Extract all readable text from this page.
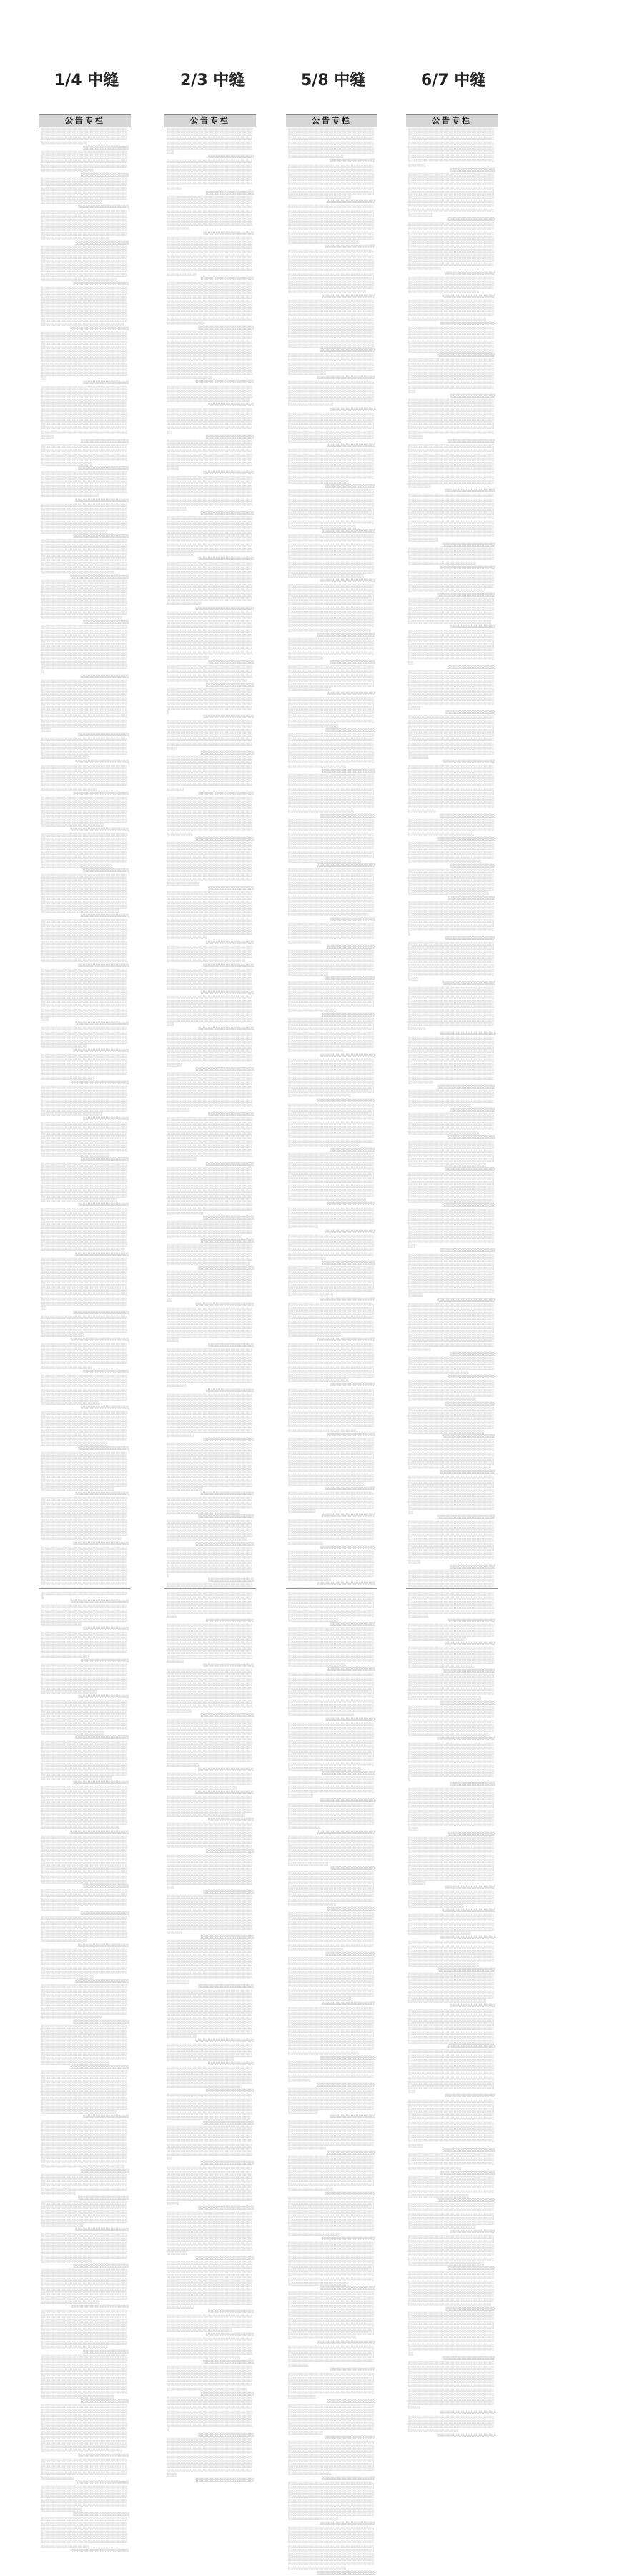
1/4 中缝
公告专栏
░░░░░░░░░░░░░░░░░░░░░░░░░░░░░░░░░░░░░░░░░░░░░░░░░░░░░░░░░░░░░░░░░░░░░░░░░░░░░░░░░░░░░░░░░░░░░░░░░░░░░░░░░░░░░░░░░░░░░░░░
░░░░░░░░░░░░░░░░░░
░░░░░░░░░░░░░░░░░░░░░░░░░░░░░░░░░░░░░░░░░░░░░░░░░░░░░░░░░░░░░░░░░░░░░░░░░░░░░░░░░░░░░░░░░░░░░░░░░░░░░░░░░░░░░░░░░░░░░░░░░░░░░░░░░░░░░░░░░░░░░░░░░░░░░░░░░░░░░
░░░░░░░░░░░░░░░░░░░
░░░░░░░░░░░░░░░░░░░░░░░░░░░░░░░░░░░░░░░░░░░░░░░░░░░░░░░░░░░░░░░░░░░░░░░░░░░░░░░░░░░░░░░░░░░░░░░░░░░░░░░░░░░░░░░░░░░░░░░░░░░░░░░░░░░░░░░░░░░░░░░░░░░░░░░░░░░░░░░░░░░░░░░░░░░░░░░░░░░░░░░░░░░░░░░░░░
░░░░░░░░░░░░░░░░░░░░
░░░░░░░░░░░░░░░░░░░░░░░░░░░░░░░░░░░░░░░░░░░░░░░░░░░░░░░░░░░░░░░░░░░░░░░░░░░░░░░░░░░░░░░░░░░░░░░░░░░░░░░░░░░░░░░░░░░░░░░░░░░░░░░░░░░░░░░░░░░░░░░░░░░░░░░░░░░░░░░░░░░░░░░░░░░░░░░░░░░░░░░░░░░░░░░░░░░░░░░░░░░░░░░░░░░░░░░░░░░░░░░░░░░░░░░
░░░░░░░░░░░░░░░░░░░░░
░░░░░░░░░░░░░░░░░░░░░░░░░░░░░░░░░░░░░░░░░░░░░░░░░░░░░░░░░░░░░░░░░░░░░░░░░░░░░░░░░░░░░░░░░░░░░░░░░░░░░░░░░░░░░░░░░░░░░░░░░░░░░░░░░░░░░░░░░░░░░░░░░░░░░░░░░░░░░░░░░░░░░░░░░░░░░░░░░░░░░░░░░░░░░░░░░░░░░░░░░░░░░░░░░░░░░░░░░░░░░░░░░░░░░░░░░░░░░░░░░░░░░░░░░░░░░░░░░░░░░░░░░░░░
░░░░░░░░░░░░░░░░░░░░░░
░░░░░░░░░░░░░░░░░░░░░░░░░░░░░░░░░░░░░░░░░░░░░░░░░░░░░░░░░░░░░░░░░░░░░░░░░░░░░░░░░░░░░░░░░░░░░░░░░░░░░░░░░░░░░░░░░░░░░░░░░░░░░░░░░░░░░░░░░░░░░░░░░░░░░░░░░░░░░░░░░░░░░░░░░░░░░░░░░░░░░░░░░░░░░░░░░░░░░░░░░░░░░░░░░░░░░░░░░░░░░░░░░░░░░░░░░░░░░░░░░░░░░░░░░░░░░░░░░░░░░░░░░░░░░░░░░░░░░░░░░░░░░░░░░░░░░░░░░░░░░░░░░
░░░░░░░░░░░░░░░░░░░░░░░
░░░░░░░░░░░░░░░░░░░░░░░░░░░░░░░░░░░░░░░░░░░░░░░░░░░░░░░░░░░░░░░░░░░░░░░░░░░░░░░░░░░░░░░░░░░░░░░░░░░░░░░░░░░░░░░░░░░░░░░░░░░░░░░░░░░░░░░░░░░░░░░░░░░░░░░░░░░░░░░░░░░░░░░░░░░░░░░░░░░░░░░░░░░░░░░░░░░░░░░░░░░░░░░░░░░░░░░░░░░░░░░░░░░░░░░░░░░░░░░░░░░░░░░░░░░░░░░░░░░░░░░░░░░░░░░░░░░░░░░░░░░░░░░░░░░░░░░░░░░░░░░░░░░░░░░░░░░░░░░░░░░░░░░░░░░░░░░░░░░░░░
░░░░░░░░░░░░░░░░░░
░░░░░░░░░░░░░░░░░░░░░░░░░░░░░░░░░░░░░░░░░░░░░░░░░░░░░░░░░░░░░░░░░░░░░░░░░░░░░░░░░░░░░░░░░░░░░░░░░░░░░░░░░░░░░░░░░░░░░░░░░░░░░░░░░░░░░░░░░░░░░░░░░░░░░░░░░░░░░░░░░░░░░░░░░░░░░░░░░░░░░░░░░░░░░░░░░░░░░░░░░░░░░░░░░░░░░░░░░░░░░░░░░░░░░░░░░░░░░░░░░░░░░░░░░░░░░░░░░░░░░░░░░░░░░░░░░░░░░░░░░░░░░░░░░░░░░░░░░░░░░░░░░░░░░░░░░░░░░░░░░░░░░░░░░░░░░░░░░░░░░░░░░░░░░░░░░░░░░░░░░░░░░░░░░░░░░░░░░░░
░░░░░░░░░░░░░░░░░░░
░░░░░░░░░░░░░░░░░░░░░░░░░░░░░░░░░░░░░░░░░░░░░░░░░░░░░░░░░░░░░░░░░░░░░░░░░░░░░░░░░░░░░░░░░░░░░░░░░░░░░░░░░░░░░░░░░░░░░░░░░░░░░░░░░░░░░░░░░░░░░░░░░░░░░░░░░░░░
░░░░░░░░░░░░░░░░░░░░
░░░░░░░░░░░░░░░░░░░░░░░░░░░░░░░░░░░░░░░░░░░░░░░░░░░░░░░░░░░░░░░░░░░░░░░░░░░░░░░░░░░░░░░░░░░░░░░░░░░░░░░░░░░░░░░░░░░░░░░░░░░░░░░░░░░░░░░░░░░░░░░░░░░░░░░░░░░░░░░░░░░░░░░░░░░░░░░░░░░░░░░░░░░░░░░░░
░░░░░░░░░░░░░░░░░░░░░
░░░░░░░░░░░░░░░░░░░░░░░░░░░░░░░░░░░░░░░░░░░░░░░░░░░░░░░░░░░░░░░░░░░░░░░░░░░░░░░░░░░░░░░░░░░░░░░░░░░░░░░░░░░░░░░░░░░░░░░░░░░░░░░░░░░░░░░░░░░░░░░░░░░░░░░░░░░░░░░░░░░░░░░░░░░░░░░░░░░░░░░░░░░░░░░░░░░░░░░░░░░░░░░░░░░░░░░░░░░░░░░░░░░░░░
░░░░░░░░░░░░░░░░░░░░░░
░░░░░░░░░░░░░░░░░░░░░░░░░░░░░░░░░░░░░░░░░░░░░░░░░░░░░░░░░░░░░░░░░░░░░░░░░░░░░░░░░░░░░░░░░░░░░░░░░░░░░░░░░░░░░░░░░░░░░░░░░░░░░░░░░░░░░░░░░░░░░░░░░░░░░░░░░░░░░░░░░░░░░░░░░░░░░░░░░░░░░░░░░░░░░░░░░░░░░░░░░░░░░░░░░░░░░░░░░░░░░░░░░░░░░░░░░░░░░░░░░░░░░░░░░░░░░░░░░░░░░░░░░░░
░░░░░░░░░░░░░░░░░░░░░░░
░░░░░░░░░░░░░░░░░░░░░░░░░░░░░░░░░░░░░░░░░░░░░░░░░░░░░░░░░░░░░░░░░░░░░░░░░░░░░░░░░░░░░░░░░░░░░░░░░░░░░░░░░░░░░░░░░░░░░░░░░░░░░░░░░░░░░░░░░░░░░░░░░░░░░░░░░░░░░░░░░░░░░░░░░░░░░░░░░░░░░░░░░░░░░░░░░░░░░░░░░░░░░░░░░░░░░░░░░░░░░░░░░░░░░░░░░░░░░░░░░░░░░░░░░░░░░░░░░░░░░░░░░░░░░░░░░░░░░░░░░░░░░░░░░░░░░░░░░░░░░░░░
░░░░░░░░░░░░░░░░░░
░░░░░░░░░░░░░░░░░░░░░░░░░░░░░░░░░░░░░░░░░░░░░░░░░░░░░░░░░░░░░░░░░░░░░░░░░░░░░░░░░░░░░░░░░░░░░░░░░░░░░░░░░░░░░░░░░░░░░░░░░░░░░░░░░░░░░░░░░░░░░░░░░░░░░░░░░░░░░░░░░░░░░░░░░░░░░░░░░░░░░░░░░░░░░░░░░░░░░░░░░░░░░░░░░░░░░░░░░░░░░░░░░░░░░░░░░░░░░░░░░░░░░░░░░░░░░░░░░░░░░░░░░░░░░░░░░░░░░░░░░░░░░░░░░░░░░░░░░░░░░░░░░░░░░░░░░░░░░░░░░░░░░░░░░░░░░░░░░░░░░
░░░░░░░░░░░░░░░░░░░
░░░░░░░░░░░░░░░░░░░░░░░░░░░░░░░░░░░░░░░░░░░░░░░░░░░░░░░░░░░░░░░░░░░░░░░░░░░░░░░░░░░░░░░░░░░░░░░░░░░░░░░░░░░░░░░░░░░░░░░░░░░░░░░░░░░░░░░░░░░░░░░░░░░░░░░░░░░░░░░░░░░░░░░░░░░░░░░░░░░░░░░░░░░░░░░░░░░░░░░░░░░░░░░░░░░░░░░░░░░░░░░░░░░░░░░░░░░░░░░░░░░░░░░░░░░░░░░░░░░░░░░░░░░░░░░░░░░░░░░░░░░░░░░░░░░░░░░░░░░░░░░░░░░░░░░░░░░░░░░░░░░░░░░░░░░░░░░░░░░░░░░░░░░░░░░░░░░░░░░░░░░░░░░░░░░░░░░░░░
░░░░░░░░░░░░░░░░░░░░
░░░░░░░░░░░░░░░░░░░░░░░░░░░░░░░░░░░░░░░░░░░░░░░░░░░░░░░░░░░░░░░░░░░░░░░░░░░░░░░░░░░░░░░░░░░░░░░░░░░░░░░░░░░░░░░░░░░░░░░░░░░░░░░░░░░░░░░░░░░░░░░░░░░░░░░░░░░
░░░░░░░░░░░░░░░░░░░░░
░░░░░░░░░░░░░░░░░░░░░░░░░░░░░░░░░░░░░░░░░░░░░░░░░░░░░░░░░░░░░░░░░░░░░░░░░░░░░░░░░░░░░░░░░░░░░░░░░░░░░░░░░░░░░░░░░░░░░░░░░░░░░░░░░░░░░░░░░░░░░░░░░░░░░░░░░░░░░░░░░░░░░░░░░░░░░░░░░░░░░░░░░░░░░░░░
░░░░░░░░░░░░░░░░░░░░░░
░░░░░░░░░░░░░░░░░░░░░░░░░░░░░░░░░░░░░░░░░░░░░░░░░░░░░░░░░░░░░░░░░░░░░░░░░░░░░░░░░░░░░░░░░░░░░░░░░░░░░░░░░░░░░░░░░░░░░░░░░░░░░░░░░░░░░░░░░░░░░░░░░░░░░░░░░░░░░░░░░░░░░░░░░░░░░░░░░░░░░░░░░░░░░░░░░░░░░░░░░░░░░░░░░░░░░░░░░░░░░░░░░░░░░
░░░░░░░░░░░░░░░░░░░░░░░
░░░░░░░░░░░░░░░░░░░░░░░░░░░░░░░░░░░░░░░░░░░░░░░░░░░░░░░░░░░░░░░░░░░░░░░░░░░░░░░░░░░░░░░░░░░░░░░░░░░░░░░░░░░░░░░░░░░░░░░░░░░░░░░░░░░░░░░░░░░░░░░░░░░░░░░░░░░░░░░░░░░░░░░░░░░░░░░░░░░░░░░░░░░░░░░░░░░░░░░░░░░░░░░░░░░░░░░░░░░░░░░░░░░░░░░░░░░░░░░░░░░░░░░░░░░░░░░░░░░░░░░░░░
░░░░░░░░░░░░░░░░░░
░░░░░░░░░░░░░░░░░░░░░░░░░░░░░░░░░░░░░░░░░░░░░░░░░░░░░░░░░░░░░░░░░░░░░░░░░░░░░░░░░░░░░░░░░░░░░░░░░░░░░░░░░░░░░░░░░░░░░░░░░░░░░░░░░░░░░░░░░░░░░░░░░░░░░░░░░░░░░░░░░░░░░░░░░░░░░░░░░░░░░░░░░░░░░░░░░░░░░░░░░░░░░░░░░░░░░░░░░░░░░░░░░░░░░░░░░░░░░░░░░░░░░░░░░░░░░░░░░░░░░░░░░░░░░░░░░░░░░░░░░░░░░░░░░░░░░░░░░░░░░░░
░░░░░░░░░░░░░░░░░░░
░░░░░░░░░░░░░░░░░░░░░░░░░░░░░░░░░░░░░░░░░░░░░░░░░░░░░░░░░░░░░░░░░░░░░░░░░░░░░░░░░░░░░░░░░░░░░░░░░░░░░░░░░░░░░░░░░░░░░░░░░░░░░░░░░░░░░░░░░░░░░░░░░░░░░░░░░░░░░░░░░░░░░░░░░░░░░░░░░░░░░░░░░░░░░░░░░░░░░░░░░░░░░░░░░░░░░░░░░░░░░░░░░░░░░░░░░░░░░░░░░░░░░░░░░░░░░░░░░░░░░░░░░░░░░░░░░░░░░░░░░░░░░░░░░░░░░░░░░░░░░░░░░░░░░░░░░░░░░░░░░░░░░░░░░░░░░░░░░░░░
░░░░░░░░░░░░░░░░░░░░
░░░░░░░░░░░░░░░░░░░░░░░░░░░░░░░░░░░░░░░░░░░░░░░░░░░░░░░░░░░░░░░░░░░░░░░░░░░░░░░░░░░░░░░░░░░░░░░░░░░░░░░░░░░░░░░░░░░░░░░░░░░░░░░░░░░░░░░░░░░░░░░░░░░░░░░░░░░░░░░░░░░░░░░░░░░░░░░░░░░░░░░░░░░░░░░░░░░░░░░░░░░░░░░░░░░░░░░░░░░░░░░░░░░░░░░░░░░░░░░░░░░░░░░░░░░░░░░░░░░░░░░░░░░░░░░░░░░░░░░░░░░░░░░░░░░░░░░░░░░░░░░░░░░░░░░░░░░░░░░░░░░░░░░░░░░░░░░░░░░░░░░░░░░░░░░░░░░░░░░░░░░░░░░░░░░░░░░░░
░░░░░░░░░░░░░░░░░░░░░
░░░░░░░░░░░░░░░░░░░░░░░░░░░░░░░░░░░░░░░░░░░░░░░░░░░░░░░░░░░░░░░░░░░░░░░░░░░░░░░░░░░░░░░░░░░░░░░░░░░░░░░░░░░░░░░░░░░░░░░░░░░░░░░░░░░░░░░░░░░░░░░░░░░░░░░░░░
░░░░░░░░░░░░░░░░░░░░░░
░░░░░░░░░░░░░░░░░░░░░░░░░░░░░░░░░░░░░░░░░░░░░░░░░░░░░░░░░░░░░░░░░░░░░░░░░░░░░░░░░░░░░░░░░░░░░░░░░░░░░░░░░░░░░░░░░░░░░░░░░░░░░░░░░░░░░░░░░░░░░░░░░░░░░░░░░░░░░░░░░░░░░░░░░░░░░░░░░░░░░░░░░░░░░░░
░░░░░░░░░░░░░░░░░░░░░░░
░░░░░░░░░░░░░░░░░░░░░░░░░░░░░░░░░░░░░░░░░░░░░░░░░░░░░░░░░░░░░░░░░░░░░░░░░░░░░░░░░░░░░░░░░░░░░░░░░░░░░░░░░░░░░░░░░░░░░░░░░░░░░░░░░░░░░░░░░░░░░░░░░░░░░░░░░░░░░░░░░░░░░░░░░░░░░░░░░░░░░░░░░░░░░░░░░░░░░░░░░░░░░░░░░░░░░░░░░░░░░░░░░░░░
░░░░░░░░░░░░░░░░░░
░░░░░░░░░░░░░░░░░░░░░░░░░░░░░░░░░░░░░░░░░░░░░░░░░░░░░░░░░░░░░░░░░░░░░░░░░░░░░░░░░░░░░░░░░░░░░░░░░░░░░░░░░░░░░░░░░░░░░░░░░░░░░░░░░░░░░░░░░░░░░░░░░░░░░░░░░░░░░░░░░░░░░░░░░░░░░░░░░░░░░░░░░░░░░░░░░░░░░░░░░░░░░░░░░░░░░░░░░░░░░░░░░░░░░░░░░░░░░░░░░░░░░░░░░░░░░░░░░░░░░░░░░
░░░░░░░░░░░░░░░░░░░
░░░░░░░░░░░░░░░░░░░░░░░░░░░░░░░░░░░░░░░░░░░░░░░░░░░░░░░░░░░░░░░░░░░░░░░░░░░░░░░░░░░░░░░░░░░░░░░░░░░░░░░░░░░░░░░░░░░░░░░░░░░░░░░░░░░░░░░░░░░░░░░░░░░░░░░░░░░░░░░░░░░░░░░░░░░░░░░░░░░░░░░░░░░░░░░░░░░░░░░░░░░░░░░░░░░░░░░░░░░░░░░░░░░░░░░░░░░░░░░░░░░░░░░░░░░░░░░░░░░░░░░░░░░░░░░░░░░░░░░░░░░░░░░░░░░░░░░░░░░░░░
░░░░░░░░░░░░░░░░░░░░
░░░░░░░░░░░░░░░░░░░░░░░░░░░░░░░░░░░░░░░░░░░░░░░░░░░░░░░░░░░░░░░░░░░░░░░░░░░░░░░░░░░░░░░░░░░░░░░░░░░░░░░░░░░░░░░░░░░░░░░░░░░░░░░░░░░░░░░░░░░░░░░░░░░░░░░░░░░░░░░░░░░░░░░░░░░░░░░░░░░░░░░░░░░░░░░░░░░░░░░░░░░░░░░░░░░░░░░░░░░░░░░░░░░░░░░░░░░░░░░░░░░░░░░░░░░░░░░░░░░░░░░░░░░░░░░░░░░░░░░░░░░░░░░░░░░░░░░░░░░░░░░░░░░░░░░░░░░░░░░░░░░░░░░░░░░░░░░░░░░
░░░░░░░░░░░░░░░░░░░░░
░░░░░░░░░░░░░░░░░░░░░░░░░░░░░░░░░░░░░░░░░░░░░░░░░░░░░░░░░░░░░░░░░░░░░░░░░░░░░░░░░░░░░░░░░░░░░░░░░░░░░░░░░░░░░░░░░░░░░░░░░░░░░░░░░░░░░░░░░░░░░░░░░░░░░░░░░░░░░░░░░░░░░░░░░░░░░░░░░░░░░░░░░░░░░░░░░░░░░░░░░░░░░░░░░░░░░░░░░░░░░░░░░░░░░░░░░░░░░░░░░░░░░░░░░░░░░░░░░░░░░░░░░░░░░░░░░░░░░░░░░░░░░░░░░░░░░░░░░░░░░░░░░░░░░░░░░░░░░░░░░░░░░░░░░░░░░░░░░░░░░░░░░░░░░░░░░░░░░░░░░░░░░░░░░░░░░░░░
░░░░░░░░░░░░░░░░░░░░░░
░░░░░░░░░░░░░░░░░░░░░░░░░░░░░░░░░░░░░░░░░░░░░░░░░░░░░░░░░░░░░░░░░░░░░░░░░░░░░░░░░░░░░░░░░░░░░░░░░░░░░░░░░░░░░░░░░░░░░░░░░░░░░░░░░░░░░░░░░░░░░░░░░░░░░░░░░
░░░░░░░░░░░░░░░░░░░░░░░
░░░░░░░░░░░░░░░░░░░░░░░░░░░░░░░░░░░░░░░░░░░░░░░░░░░░░░░░░░░░░░░░░░░░░░░░░░░░░░░░░░░░░░░░░░░░░░░░░░░░░░░░░░░░░░░░░░░░░░░░░░░░░░░░░░░░░░░░░░░░░░░░░░░░░░░░░░░░░░░░░░░░░░░░░░░░░░░░░░░░░░░░░░░░░░
░░░░░░░░░░░░░░░░░░
░░░░░░░░░░░░░░░░░░░░░░░░░░░░░░░░░░░░░░░░░░░░░░░░░░░░░░░░░░░░░░░░░░░░░░░░░░░░░░░░░░░░░░░░░░░░░░░░░░░░░░░░░░░░░░░░░░░░░░░░░░░░░░░░░░░░░░░░░░░░░░░░░░░░░░░░░░░░░░░░░░░░░░░░░░░░░░░░░░░░░░░░░░░░░░░░░░░░░░░░░░░░░░░░░░░░░░░░░░░░░░░░░░░
░░░░░░░░░░░░░░░░░░░
░░░░░░░░░░░░░░░░░░░░░░░░░░░░░░░░░░░░░░░░░░░░░░░░░░░░░░░░░░░░░░░░░░░░░░░░░░░░░░░░░░░░░░░░░░░░░░░░░░░░░░░░░░░░░░░░░░░░░░░░░░░░░░░░░░░░░░░░░░░░░░░░░░░░░░░░░░░░░░░░░░░░░░░░░░░░░░░░░░░░░░░░░░░░░░░░░░░░░░░░░░░░░░░░░░░░░░░░░░░░░░░░░░░░░░░░░░░░░░░░░░░░░░░░░░░░░░░░░░░░░░░░
░░░░░░░░░░░░░░░░░░░░
░░░░░░░░░░░░░░░░░░░░░░░░░░░░░░░░░░░░░░░░░░░░░░░░░░░░░░░░░░░░░░░░░░░░░░░░░░░░░░░░░░░░░░░░░░░░░░░░░░░░░░░░░░░░░░░░░░░░░░░░░░░░░░░░░░░░░░░░░░░░░░░░░░░░░░░░░░░░░░░░░░░░░░░░░░░░░░░░░░░░░░░░░░░░░░░░░░░░░░░░░░░░░░░░░░░░░░░░░░░░░░░░░░░░░░░░░░░░░░░░░░░░░░░░░░░░░░░░░░░░░░░░░░░░░░░░░░░░░░░░░░░░░░░░░░░░░░░░░░░░░
░░░░░░░░░░░░░░░░░░░░░
░░░░░░░░░░░░░░░░░░░░░░░░░░░░░░░░░░░░░░░░░░░░░░░░░░░░░░░░░░░░░░░░░░░░░░░░░░░░░░░░░░░░░░░░░░░░░░░░░░░░░░░░░░░░░░░░░░░░░░░░░░░░░░░░░░░░░░░░░░░░░░░░░░░░░░░░░░░░░░░░░░░░░░░░░░░░░░░░░░░░░░░░░░░░░░░░░░░░░░░░░░░░░░░░░░░░░░░░░░░░░░░░░░░░░░░░░░░░░░░░░░░░░░░░░░░░░░░░░░░░░░░░░░░░░░░░░░░░░░░░░░░░░░░░░░░░░░░░░░░░░░░░░░░░░░░░░░░░░░░░░░░░░░░░░░░░░░░░░░
░░░░░░░░░░░░░░░░░░░░░░
░░░░░░░░░░░░░░░░░░░░░░░░░░░░░░░░░░░░░░░░░░░░░░░░░░░░░░░░░░░░░░░░░░░░░░░░░░░░░░░░░░░░░░░░░░░░░░░░░░░░░░░░░░░░░░░░░░░░░░░░░░░░░░░░░░░░░░░░░░░░░░░░░░░░░░░░░░░░░░░░░░░░░░░░░░░░░░░░░░░░░░░░░░░░░░░░░░░░░░░░░░░░░░░░░░░░░░░░░░░░░░░░░░░░░░░░░░░░░░░░░░░░░░░░░░░░░░░░░░░░░░░░░░░░░░░░░░░░░░░░░░░░░░░░░░░░░░░░░░░░░░░░░░ ░░░░░░░░░░░░░░░░░░░░░░░░░░░░░░░░░░░
░░░░░░░░░░░░░░░░░░░░░░░
░░░░░░░░░░░░░░░░░░░░░░░░░░░░░░░░░░░░░░░░░░░░░░░░░░░░░░░░░░░░░░░░░░░░░░░░░░░░░░░░░░░░░░░░░░░░░░░░░░░░░░░░░░░░░░░░░░░░░░░░░░░░░░░░░░░░░░░░░░░░░░░░░░░░░░░░
░░░░░░░░░░░░░░░░░░
░░░░░░░░░░░░░░░░░░░░░░░░░░░░░░░░░░░░░░░░░░░░░░░░░░░░░░░░░░░░░░░░░░░░░░░░░░░░░░░░░░░░░░░░░░░░░░░░░░░░░░░░░░░░░░░░░░░░░░░░░░░░░░░░░░░░░░░░░░░░░░░░░░░░░░░░░░░░░░░░░░░░░░░░░░░░░░░░░░░░░░░░░░░░░
░░░░░░░░░░░░░░░░░░░
░░░░░░░░░░░░░░░░░░░░░░░░░░░░░░░░░░░░░░░░░░░░░░░░░░░░░░░░░░░░░░░░░░░░░░░░░░░░░░░░░░░░░░░░░░░░░░░░░░░░░░░░░░░░░░░░░░░░░░░░░░░░░░░░░░░░░░░░░░░░░░░░░░░░░░░░░░░░░░░░░░░░░░░░░░░░░░░░░░░░░░░░░░░░░░░░░░░░░░░░░░░░░░░░░░░░░░░░░░░░░░░░░░
░░░░░░░░░░░░░░░░░░░░
░░░░░░░░░░░░░░░░░░░░░░░░░░░░░░░░░░░░░░░░░░░░░░░░░░░░░░░░░░░░░░░░░░░░░░░░░░░░░░░░░░░░░░░░░░░░░░░░░░░░░░░░░░░░░░░░░░░░░░░░░░░░░░░░░░░░░░░░░░░░░░░░░░░░░░░░░░░░░░░░░░░░░░░░░░░░░░░░░░░░░░░░░░░░░░░░░░░░░░░░░░░░░░░░░░░░░░░░░░░░░░░░░░░░░░░░░░░░░░░░░░░░░░░░░░░░░░░░░░░░░░░
░░░░░░░░░░░░░░░░░░░░░
░░░░░░░░░░░░░░░░░░░░░░░░░░░░░░░░░░░░░░░░░░░░░░░░░░░░░░░░░░░░░░░░░░░░░░░░░░░░░░░░░░░░░░░░░░░░░░░░░░░░░░░░░░░░░░░░░░░░░░░░░░░░░░░░░░░░░░░░░░░░░░░░░░░░░░░░░░░░░░░░░░░░░░░░░░░░░░░░░░░░░░░░░░░░░░░░░░░░░░░░░░░░░░░░░░░░░░░░░░░░░░░░░░░░░░░░░░░░░░░░░░░░░░░░░░░░░░░░░░░░░░░░░░░░░░░░░░░░░░░░░░░░░░░░░░░░░░░░░░░░
░░░░░░░░░░░░░░░░░░░░░░
░░░░░░░░░░░░░░░░░░░░░░░░░░░░░░░░░░░░░░░░░░░░░░░░░░░░░░░░░░░░░░░░░░░░░░░░░░░░░░░░░░░░░░░░░░░░░░░░░░░░░░░░░░░░░░░░░░░░░░░░░░░░░░░░░░░░░░░░░░░░░░░░░░░░░░░░░░░░░░░░░░░░░░░░░░░░░░░░░░░░░░░░░░░░░░░░░░░░░░░░░░░░░░░░░░░░░░░░░░░░░░░░░░░░░░░░░░░░░░░░░░░░░░░░░░░░░░░░░░░░░░░░░░░░░░░░░░░░░░░░░░░░░░░░░░░░░░░░░░░░░░░░░░░░░░░░░░░░░░░░░░░░░░░░░░░░░░░░░
░░░░░░░░░░░░░░░░░░░░░░░
░░░░░░░░░░░░░░░░░░░░░░░░░░░░░░░░░░░░░░░░░░░░░░░░░░░░░░░░░░░░░░░░░░░░░░░░░░░░░░░░░░░░░░░░░░░░░░░░░░░░░░░░░░░░░░░░░░░░░░░░░░░░░░░░░░░░░░░░░░░░░░░░░░░░░░░░░░░░░░░░░░░░░░░░░░░░░░░░░░░░░░░░░░░░░░░░░░░░░░░░░░░░░░░░░░░░░░░░░░░░░░░░░░░░░░░░░░░░░░░░░░░░░░░░░░░░░░░░░░░░░░░░░░░░░░░░░░░░░░░░░░░░░░░░░░░░░░░░░░░░░░░░░░░░░░░░░░░░░░░░░░░░░░░░░░░░░░░░░░░░░░░░░░░░░░░░░░░░░░░░░░░░░░░░░░░░░░
░░░░░░░░░░░░░░░░░░
░░░░░░░░░░░░░░░░░░░░░░░░░░░░░░░░░░░░░░░░░░░░░░░░░░░░░░░░░░░░░░░░░░░░░░░░░░░░░░░░░░░░░░░░░░░░░░░░░░░░░░░░░░░░░░░░░░░░░░░░░░░░░░░░░░░░░░░░░░░░░░░░░░░░░░░
░░░░░░░░░░░░░░░░░░░
░░░░░░░░░░░░░░░░░░░░░░░░░░░░░░░░░░░░░░░░░░░░░░░░░░░░░░░░░░░░░░░░░░░░░░░░░░░░░░░░░░░░░░░░░░░░░░░░░░░░░░░░░░░░░░░░░░░░░░░░░░░░░░░░░░░░░░░░░░░░░░░░░░░░░░░░░░░░░░░░░░░░░░░░░░░░░░░░░░░░░░░░░░░░
░░░░░░░░░░░░░░░░░░░░
░░░░░░░░░░░░░░░░░░░░░░░░░░░░░░░░░░░░░░░░░░░░░░░░░░░░░░░░░░░░░░░░░░░░░░░░░░░░░░░░░░░░░░░░░░░░░░░░░░░░░░░░░░░░░░░░░░░░░░░░░░░░░░░░░░░░░░░░░░░░░░░░░░░░░░░░░░░░░░░░░░░░░░░░░░░░░░░░░░░░░░░░░░░░░░░░░░░░░░░░░░░░░░░░░░░░░░░░░░░░░░░░░
░░░░░░░░░░░░░░░░░░░░░
░░░░░░░░░░░░░░░░░░░░░░░░░░░░░░░░░░░░░░░░░░░░░░░░░░░░░░░░░░░░░░░░░░░░░░░░░░░░░░░░░░░░░░░░░░░░░░░░░░░░░░░░░░░░░░░░░░░░░░░░░░░░░░░░░░░░░░░░░░░░░░░░░░░░░░░░░░░░░░░░░░░░░░░░░░░░░░░░░░░░░░░░░░░░░░░░░░░░░░░░░░░░░░░░░░░░░░░░░░░░░░░░░░░░░░░░░░░░░░░░░░░░░░░░░░░░░░░░░░░░░░
░░░░░░░░░░░░░░░░░░░░░░
░░░░░░░░░░░░░░░░░░░░░░░░░░░░░░░░░░░░░░░░░░░░░░░░░░░░░░░░░░░░░░░░░░░░░░░░░░░░░░░░░░░░░░░░░░░░░░░░░░░░░░░░░░░░░░░░░░░░░░░░░░░░░░░░░░░░░░░░░░░░░░░░░░░░░░░░░░░░░░░░░░░░░░░░░░░░░░░░░░░░░░░░░░░░░░░░░░░░░░░░░░░░░░░░░░░░░░░░░░░░░░░░░░░░░░░░░░░░░░░░░░░░░░░░░░░░░░░░░░░░░░░░░░░░░░░░░░░░░░░░░░░░░░░░░░░░░░░░░░░
░░░░░░░░░░░░░░░░░░░░░░░
░░░░░░░░░░░░░░░░░░░░░░░░░░░░░░░░░░░░░░░░░░░░░░░░░░░░░░░░░░░░░░░░░░░░░░░░░░░░░░░░░░░░░░░░░░░░░░░░░░░░░░░░░░░░░░░░░░░░░░░░░░░░░░░░░░░░░░░░░░░░░░░░░░░░░░░░░░░░░░░░░░░░░░░░░░░░░░░░░░░░░░░░░░░░░░░░░░░░░░░░░░░░░░░░░░░░░░░░░░░░░░░░░░░░░░░░░░░░░░░░░░░░░░░░░░░░░░░░░░░░░░░░░░░░░░░░░░░░░░░░░░░░░░░░░░░░░░░░░░░░░░░░░░░░░░░░░░░░░░░░░░░░░░░░░░░░░░░░
░░░░░░░░░░░░░░░░░░
░░░░░░░░░░░░░░░░░░░░░░░░░░░░░░░░░░░░░░░░░░░░░░░░░░░░░░░░░░░░░░░░░░░░░░░░░░░░░░░░░░░░░░░░░░░░░░░░░░░░░░░░░░░░░░░░░░░░░░░░░░░░░░░░░░░░░░░░░░░░░░░░░░░░░░░░░░░░░░░░░░░░░░░░░░░░░░░░░░░░░░░░░░░░░░░░░░░░░░░░░░░░░░░░░░░░░░░░░░░░░░░░░░░░░░░░░░░░░░░░░░░░░░░░░░░░░░░░░░░░░░░░░░░░░░░░░░░░░░░░░░░░░░░░░░░░░░░░░░░░░░░░░░░░░░░░░░░░░░░░░░░░░░░░░░░░░░░░░░░░░░░░░░░░░░░░░░░░░░░░░░░░░░░░░░░░░
░░░░░░░░░░░░░░░░░░░
░░░░░░░░░░░░░░░░░░░░░░░░░░░░░░░░░░░░░░░░░░░░░░░░░░░░░░░░░░░░░░░░░░░░░░░░░░░░░░░░░░░░░░░░░░░░░░░░░░░░░░░░░░░░░░░░░░░░░░░░░░░░░░░░░░░░░░░░░░░░░░░░░░░░░░
░░░░░░░░░░░░░░░░░░░░
░░░░░░░░░░░░░░░░░░░░░░░░░░░░░░░░░░░░░░░░░░░░░░░░░░░░░░░░░░░░░░░░░░░░░░░░░░░░░░░░░░░░░░░░░░░░░░░░░░░░░░░░░░░░░░░░░░░░░░░░░░░░░░░░░░░░░░░░░░░░░░░░░░░░░░░░░░░░░░░░░░░░░░░░░░░░░░░░░░░░░░░░░░░
░░░░░░░░░░░░░░░░░░░░░
░░░░░░░░░░░░░░░░░░░░░░░░░░░░░░░░░░░░░░░░░░░░░░░░░░░░░░░░░░░░░░░░░░░░░░░░░░░░░░░░░░░░░░░░░░░░░░░░░░░░░░░░░░░░░░░░░░░░░░░░░░░░░░░░░░░░░░░░░░░░░░░░░░░░░░░░░░░░░░░░░░░░░░░░░░░░░░░░░░░░░░░░░░░░░░░░░░░░░░░░░░░░░░░░░░░░░░░░░░░░░░░░
░░░░░░░░░░░░░░░░░░░░░░
░░░░░░░░░░░░░░░░░░░░░░░░░░░░░░░░░░░░░░░░░░░░░░░░░░░░░░░░░░░░░░░░░░░░░░░░░░░░░░░░░░░░░░░░░░░░░░░░░░░░░░░░░░░░░░░░░░░░░░░░░░░░░░░░░░░░░░░░░░░░░░░░░░░░░░░░░░░░░░░░░░░░░░░░░░░░░░░░░░░░░░░░░░░░░░░░░░░░░░░░░░░░░░░░░░░░░░░░░░░░░░░░░░░░░░░░░░░░░░░░░░░░░░░░░░░░░░░░░░░░░
░░░░░░░░░░░░░░░░░░░░░░░
░░░░░░░░░░░░░░░░░░░░░░░░░░░░░░░░░░░░░░░░░░░░░░░░░░░░░░░░░░░░░░░░░░░░░░░░░░░░░░░░░░░░░░░░░░░░░░░░░░░░░░░░░░░░░░░░░░░░░░░░░░░░░░░░░░░░░░░░░░░░░░░░░░░░░░░░░░░░░░░░░░░░░░░░░░░░░░░░░░░░░░░░░░░░░░░░░░░░░░░░░░░░░░░░░░░░░░░░░░░░░░░░░░░░░░░░░░░░░░░░░░░░░░░░░░░░░░░░░░░░░░░░░░░░░░░░░░░░░░░░░░░░░░░░░░░░░░░░░░
░░░░░░░░░░░░░░░░░░
░░░░░░░░░░░░░░░░░░░░░░░░░░░░░░░░░░░░░░░░░░░░░░░░░░░░░░░░░░░░░░░░░░░░░░░░░░░░░░░░░░░░░░░░░░░░░░░░░░░░░░░░░░░░░░░░░░░░░░░░░░░░░░░░░░░░░░░░░░░░░░░░░░░░░░░░░░░░░░░░░░░░░░░░░░░░░░░░░░░░░░░░░░░░░░░░░░░░░░░░░░░░░░░░░░░░░░░░░░░░░░░░░░░░░░░░░░░░░░░░░░░░░░░░░░░░░░░░░░░░░░░░░░░░░░░░░░░░░░░░░░░░░░░░░░░░░░░░░░░░░░░░░░░░░░░░░░░░░░░░░░░░░░░░░░░░░░░
░░░░░░░░░░░░░░░░░░░
░░░░░░░░░░░░░░░░░░░░░░░░░░░░░░░░░░░░░░░░░░░░░░░░░░░░░░░░░░░░░░░░░░░░░░░░░░░░░░░░░░░░░░░░░░░░░░░░░░░░░░░░░░░░░░░░░░░░░░░░░░░░░░░░░░░░░░░░░░░░░░░░░░░░░░░░░░░░░░░░░░░░░░░░░░░░░░░░░░░░░░░░░░░░░░░░░░░░░░░░░░░░░░░░░░░░░░░░░░░░░░░░░░░░░░░░░░░░░░░░░░░░░░░░░░░░░░░░░░░░░░░░░░░░░░░░░░░░░░░░░░░░░░░░░░░░░░░░░░░░░░░░░░░░░░░░░░░░░░░░░░░░░░░░░░░░░░░░░░░░░░░░░░░░░░░░░░░░░░░░░░░░░░░░░░░░
░░░░░░░░░░░░░░░░░░░░
░░░░░░░░░░░░░░░░░░░░░░░░░░░░░░░░░░░░░░░░░░░░░░░░░░░░░░░░░░░░░░░░░░░░░░░░░░░░░░░░░░░░░░░░░░░░░░░░░░░░░░░░░░░░░░░░░░░░░░░░░░░░░░░░░░░░░░░░░░░░░░░░░░░░░
░░░░░░░░░░░░░░░░░░░░░
░░░░░░░░░░░░░░░░░░░░░░░░░░░░░░░░░░░░░░░░░░░░░░░░░░░░░░░░░░░░░░░░░░░░░░░░░░░░░░░░░░░░░░░░░░░░░░░░░░░░░░░░░░░░░░░░░░░░░░░░░░░░░░░░░░░░░░░░░░░░░░░░░░░░░░░░░░░░░░░░░░░░░░░░░░░░░░░░░░░░░░░░░░
░░░░░░░░░░░░░░░░░░░░░░
░░░░░░░░░░░░░░░░░░░░░░░░░░░░░░░░░░░░░░░░░░░░░░░░░░░░░░░░░░░░░░░░░░░░░░░░░░░░░░░░░░░░░░░░░░░░░░░░░░░░░░░░░░░░░░░░░░░░░░░░░░░░░░░░░░░░░░░░░░░░░░░░░░░░░░░░░░░░░░░░░░░░░░░░░░░░░░░░░░░░░░░░░░░░░░░░░░░░░░░░░░░░░░░░░░░░░░░░░░░░░░░
░░░░░░░░░░░░░░░░░░░░░░░
2/3 中缝
公告专栏
░░░░░░░░░░░░░░░░░░░░░░░░░░░░░░░░░░░░░░░░░░░░░░░░░░░░░░░░░░░░░░░░░░░░░░░░░░░░░░░░░░░░░░░░░░░░░░░░░░░░░░░░░░░░░░░░░░░░░░░░░░░░░░░░░░░░░░░░░░░░░░░░░░░░░░░░░░░░░░░░░░░░░░░░░░░░░
░░░░░░░░░░░░░░░░░░
░░░░░░░░░░░░░░░░░░░░░░░░░░░░░░░░░░░░░░░░░░░░░░░░░░░░░░░░░░░░░░░░░░░░░░░░░░░░░░░░░░░░░░░░░░░░░░░░░░░░░░░░░░░░░░░░░░░░░░░░░░░░░░░░░░░░░░░░░░░░░░░░░░░░░░░░░░░░░░░░░░░░░░░░░░░░░░░░░░░░░░░░░░░░░░░░░░░░░░░░░░░░░░░░░░
░░░░░░░░░░░░░░░░░░░
░░░░░░░░░░░░░░░░░░░░░░░░░░░░░░░░░░░░░░░░░░░░░░░░░░░░░░░░░░░░░░░░░░░░░░░░░░░░░░░░░░░░░░░░░░░░░░░░░░░░░░░░░░░░░░░░░░░░░░░░░░░░░░░░░░░░░░░░░░░░░░░░░░░░░░░░░░░░░░░░░░░░░░░░░░░░░░░░░░░░░░░░░░░░░░░░░░░░░░░░░░░░░░░░░░░░░░░░░░░░░░░░░░░░░░░░░░░░░░░░░░░░░░░
░░░░░░░░░░░░░░░░░░░░
░░░░░░░░░░░░░░░░░░░░░░░░░░░░░░░░░░░░░░░░░░░░░░░░░░░░░░░░░░░░░░░░░░░░░░░░░░░░░░░░░░░░░░░░░░░░░░░░░░░░░░░░░░░░░░░░░░░░░░░░░░░░░░░░░░░░░░░░░░░░░░░░░░░░░░░░░░░░░░░░░░░░░░░░░░░░░░░░░░░░░░░░░░░░░░░░░░░░░░░░░░░░░░░░░░░░░░░░░░░░░░░░░░░░░░░░░░░░░░░░░░░░░░░░░░░░░░░░░░░░░░░░░░░░░░░░░░░░░░░░░░░░
░░░░░░░░░░░░░░░░░░░░░
░░░░░░░░░░░░░░░░░░░░░░░░░░░░░░░░░░░░░░░░░░░░░░░░░░░░░░░░░░░░░░░░░░░░░░░░░░░░░░░░░░░░░░░░░░░░░░░░░░░░░░░░░░░░░░░░░░░░░░░░░░░░░░░░░░░░░░░░░░░░░░░░░░░░░░░░░░░░░░░░░░░░░░░░░░░░░░░░░░░░░░░░░░░░░░░░░░░░░░░░░░░░░░░░░░░░░░░░░░░░░░░░░░░░░░░░░░░░░░░░░░░░░░░░░░░░░░░░░░░░░░░░░░░░░░░░░░░░░░░░░░░░░░░░░░░░░░░░░░░░░░░░░░░░░░░░░░░░░░░░░
░░░░░░░░░░░░░░░░░░░░░░
░░░░░░░░░░░░░░░░░░░░░░░░░░░░░░░░░░░░░░░░░░░░░░░░░░░░░░░░░░░░░░░░░░░░░░░░░░░░░░░░░░░░░░░░░░░░░░░░░░░░░░░░░░░░░░░░░░░░░░░░░░░░░░░░░░░░░░░░░░░░░░░░░░░░░░░░░░░░░░░░░░░░░░░░░░░░░░░░░░░░░░░░░░░░░░░░░░░░░░░░░░░░░░░░░░░░░░░░░░░░░░░░░░░░░░░░░░░░░░░░░░░░░░░░░░░░░░░░░░░░░░░░░░░░░░░░░░░░░░░░░░░░░░░░░░░░░░░░░░░░░░░░░░░░░░░░░░░░░░░░░░░░░░░░░░░░░░░░░░░░░░░░░░░░░░░░░░░░░░
░░░░░░░░░░░░░░░░░░░░░░░
░░░░░░░░░░░░░░░░░░░░░░░░░░░░░░░░░░░░░░░░░░░░░░░░░░░░░░░░░░░░░░░░░░░░░░░░░░░░░░░░░░░░░░░░░░░░░░░░░░░░░░░░░░░░░░░░░░░░░░░░░░░░░░░░░░░░░░░
░░░░░░░░░░░░░░░░░░
░░░░░░░░░░░░░░░░░░░░░░░░░░░░░░░░░░░░░░░░░░░░░░░░░░░░░░░░░░░░░░░░░░░░░░░░░░░░░░░░░░░░░░░░░░░░░░░░░░░░░░░░░░░░░░░░░░░░░░░░░░░░░░░░░░░░░░░░░░░░░░░░░░░░░░░░░░░░░░░░░░░░░░░░░░░░
░░░░░░░░░░░░░░░░░░░
░░░░░░░░░░░░░░░░░░░░░░░░░░░░░░░░░░░░░░░░░░░░░░░░░░░░░░░░░░░░░░░░░░░░░░░░░░░░░░░░░░░░░░░░░░░░░░░░░░░░░░░░░░░░░░░░░░░░░░░░░░░░░░░░░░░░░░░░░░░░░░░░░░░░░░░░░░░░░░░░░░░░░░░░░░░░░░░░░░░░░░░░░░░░░░░░░░░░░░░░░░░░░░░░░
░░░░░░░░░░░░░░░░░░░░
░░░░░░░░░░░░░░░░░░░░░░░░░░░░░░░░░░░░░░░░░░░░░░░░░░░░░░░░░░░░░░░░░░░░░░░░░░░░░░░░░░░░░░░░░░░░░░░░░░░░░░░░░░░░░░░░░░░░░░░░░░░░░░░░░░░░░░░░░░░░░░░░░░░░░░░░░░░░░░░░░░░░░░░░░░░░░░░░░░░░░░░░░░░░░░░░░░░░░░░░░░░░░░░░░░░░░░░░░░░░░░░░░░░░░░░░░░░░░░░░░░░░░░
░░░░░░░░░░░░░░░░░░░░░
░░░░░░░░░░░░░░░░░░░░░░░░░░░░░░░░░░░░░░░░░░░░░░░░░░░░░░░░░░░░░░░░░░░░░░░░░░░░░░░░░░░░░░░░░░░░░░░░░░░░░░░░░░░░░░░░░░░░░░░░░░░░░░░░░░░░░░░░░░░░░░░░░░░░░░░░░░░░░░░░░░░░░░░░░░░░░░░░░░░░░░░░░░░░░░░░░░░░░░░░░░░░░░░░░░░░░░░░░░░░░░░░░░░░░░░░░░░░░░░░░░░░░░░░░░░░░░░░░░░░░░░░░░░░░░░░░░░░░░░░░░░
░░░░░░░░░░░░░░░░░░░░░░
░░░░░░░░░░░░░░░░░░░░░░░░░░░░░░░░░░░░░░░░░░░░░░░░░░░░░░░░░░░░░░░░░░░░░░░░░░░░░░░░░░░░░░░░░░░░░░░░░░░░░░░░░░░░░░░░░░░░░░░░░░░░░░░░░░░░░░░░░░░░░░░░░░░░░░░░░░░░░░░░░░░░░░░░░░░░░░░░░░░░░░░░░░░░░░░░░░░░░░░░░░░░░░░░░░░░░░░░░░░░░░░░░░░░░░░░░░░░░░░░░░░░░░░░░░░░░░░░░░░░░░░░░░░░░░░░░░░░░░░░░░░░░░░░░░░░░░░░░░░░░░░░░░░░░░░░░░░░░░░░
░░░░░░░░░░░░░░░░░░░░░░░
░░░░░░░░░░░░░░░░░░░░░░░░░░░░░░░░░░░░░░░░░░░░░░░░░░░░░░░░░░░░░░░░░░░░░░░░░░░░░░░░░░░░░░░░░░░░░░░░░░░░░░░░░░░░░░░░░░░░░░░░░░░░░░░░░░░░░░░░░░░░░░░░░░░░░░░░░░░░░░░░░░░░░░░░░░░░░░░░░░░░░░░░░░░░░░░░░░░░░░░░░░░░░░░░░░░░░░░░░░░░░░░░░░░░░░░░░░░░░░░░░░░░░░░░░░░░░░░░░░░░░░░░░░░░░░░░░░░░░░░░░░░░░░░░░░░░░░░░░░░░░░░░░░░░░░░░░░░░░░░░░░░░░░░░░░░░░░░░░░░░░░░░░░░░░░░░░░░░░
░░░░░░░░░░░░░░░░░░
░░░░░░░░░░░░░░░░░░░░░░░░░░░░░░░░░░░░░░░░░░░░░░░░░░░░░░░░░░░░░░░░░░░░░░░░░░░░░░░░░░░░░░░░░░░░░░░░░░░░░░░░░░░░░░░░░░░░░░░░░░░░░░░░░░░░░░
░░░░░░░░░░░░░░░░░░░
░░░░░░░░░░░░░░░░░░░░░░░░░░░░░░░░░░░░░░░░░░░░░░░░░░░░░░░░░░░░░░░░░░░░░░░░░░░░░░░░░░░░░░░░░░░░░░░░░░░░░░░░░░░░░░░░░░░░░░░░░░░░░░░░░░░░░░░░░░░░░░░░░░░░░░░░░░░░░░░░░░░░░░░░░░░
░░░░░░░░░░░░░░░░░░░░
░░░░░░░░░░░░░░░░░░░░░░░░░░░░░░░░░░░░░░░░░░░░░░░░░░░░░░░░░░░░░░░░░░░░░░░░░░░░░░░░░░░░░░░░░░░░░░░░░░░░░░░░░░░░░░░░░░░░░░░░░░░░░░░░░░░░░░░░░░░░░░░░░░░░░░░░░░░░░░░░░░░░░░░░░░░░░░░░░░░░░░░░░░░░░░░░░░░░░░░░░░░░░░░░
░░░░░░░░░░░░░░░░░░░░░
░░░░░░░░░░░░░░░░░░░░░░░░░░░░░░░░░░░░░░░░░░░░░░░░░░░░░░░░░░░░░░░░░░░░░░░░░░░░░░░░░░░░░░░░░░░░░░░░░░░░░░░░░░░░░░░░░░░░░░░░░░░░░░░░░░░░░░░░░░░░░░░░░░░░░░░░░░░░░░░░░░░░░░░░░░░░░░░░░░░░░░░░░░░░░░░░░░░░░░░░░░░░░░░░░░░░░░░░░░░░░░░░░░░░░░░░░░░░░░░░░░░░░
░░░░░░░░░░░░░░░░░░░░░░
░░░░░░░░░░░░░░░░░░░░░░░░░░░░░░░░░░░░░░░░░░░░░░░░░░░░░░░░░░░░░░░░░░░░░░░░░░░░░░░░░░░░░░░░░░░░░░░░░░░░░░░░░░░░░░░░░░░░░░░░░░░░░░░░░░░░░░░░░░░░░░░░░░░░░░░░░░░░░░░░░░░░░░░░░░░░░░░░░░░░░░░░░░░░░░░░░░░░░░░░░░░░░░░░░░░░░░░░░░░░░░░░░░░░░░░░░░░░░░░░░░░░░░░░░░░░░░░░░░░░░░░░░░░░░░░░░░░░░░░░░░
░░░░░░░░░░░░░░░░░░░░░░░
░░░░░░░░░░░░░░░░░░░░░░░░░░░░░░░░░░░░░░░░░░░░░░░░░░░░░░░░░░░░░░░░░░░░░░░░░░░░░░░░░░░░░░░░░░░░░░░░░░░░░░░░░░░░░░░░░░░░░░░░░░░░░░░░░░░░░░░░░░░░░░░░░░░░░░░░░░░░░░░░░░░░░░░░░░░░░░░░░░░░░░░░░░░░░░░░░░░░░░░░░░░░░░░░░░░░░░░░░░░░░░░░░░░░░░░░░░░░░░░░░░░░░░░░░░░░░░░░░░░░░░░░░░░░░░░░░░░░░░░░░░░░░░░░░░░░░░░░░░░░░░░░░░░░░░░░░░░░░░░
░░░░░░░░░░░░░░░░░░
░░░░░░░░░░░░░░░░░░░░░░░░░░░░░░░░░░░░░░░░░░░░░░░░░░░░░░░░░░░░░░░░░░░░░░░░░░░░░░░░░░░░░░░░░░░░░░░░░░░░░░░░░░░░░░░░░░░░░░░░░░░░░░░░░░░░░░░░░░░░░░░░░░░░░░░░░░░░░░░░░░░░░░░░░░░░░░░░░░░░░░░░░░░░░░░░░░░░░░░░░░░░░░░░░░░░░░░░░░░░░░░░░░░░░░░░░░░░░░░░░░░░░░░░░░░░░░░░░░░░░░░░░░░░░░░░░░░░░░░░░░░░░░░░░░░░░░░░░░░░░░░░░░░░░░░░░░░░░░░░░░░░░░░░░░░░░░░░░░░░░░░░░░░░░░░░░░░░
░░░░░░░░░░░░░░░░░░░
░░░░░░░░░░░░░░░░░░░░░░░░░░░░░░░░░░░░░░░░░░░░░░░░░░░░░░░░░░░░░░░░░░░░░░░░░░░░░░░░░░░░░░░░░░░░░░░░░░░░░░░░░░░░░░░░░░░░░░░░░░░░░░░░░░░░░
░░░░░░░░░░░░░░░░░░░░
░░░░░░░░░░░░░░░░░░░░░░░░░░░░░░░░░░░░░░░░░░░░░░░░░░░░░░░░░░░░░░░░░░░░░░░░░░░░░░░░░░░░░░░░░░░░░░░░░░░░░░░░░░░░░░░░░░░░░░░░░░░░░░░░░░░░░░░░░░░░░░░░░░░░░░░░░░░░░░░░░░░░░░░░░░
░░░░░░░░░░░░░░░░░░░░░
░░░░░░░░░░░░░░░░░░░░░░░░░░░░░░░░░░░░░░░░░░░░░░░░░░░░░░░░░░░░░░░░░░░░░░░░░░░░░░░░░░░░░░░░░░░░░░░░░░░░░░░░░░░░░░░░░░░░░░░░░░░░░░░░░░░░░░░░░░░░░░░░░░░░░░░░░░░░░░░░░░░░░░░░░░░░░░░░░░░░░░░░░░░░░░░░░░░░░░░░░░░░░░░
░░░░░░░░░░░░░░░░░░░░░░
░░░░░░░░░░░░░░░░░░░░░░░░░░░░░░░░░░░░░░░░░░░░░░░░░░░░░░░░░░░░░░░░░░░░░░░░░░░░░░░░░░░░░░░░░░░░░░░░░░░░░░░░░░░░░░░░░░░░░░░░░░░░░░░░░░░░░░░░░░░░░░░░░░░░░░░░░░░░░░░░░░░░░░░░░░░░░░░░░░░░░░░░░░░░░░░░░░░░░░░░░░░░░░░░░░░░░░░░░░░░░░░░░░░░░░░░░░░░░░░░░░░░
░░░░░░░░░░░░░░░░░░░░░░░
░░░░░░░░░░░░░░░░░░░░░░░░░░░░░░░░░░░░░░░░░░░░░░░░░░░░░░░░░░░░░░░░░░░░░░░░░░░░░░░░░░░░░░░░░░░░░░░░░░░░░░░░░░░░░░░░░░░░░░░░░░░░░░░░░░░░░░░░░░░░░░░░░░░░░░░░░░░░░░░░░░░░░░░░░░░░░░░░░░░░░░░░░░░░░░░░░░░░░░░░░░░░░░░░░░░░░░░░░░░░░░░░░░░░░░░░░░░░░░░░░░░░░░░░░░░░░░░░░░░░░░░░░░░░░░░░░░░░░░░░░
░░░░░░░░░░░░░░░░░░
░░░░░░░░░░░░░░░░░░░░░░░░░░░░░░░░░░░░░░░░░░░░░░░░░░░░░░░░░░░░░░░░░░░░░░░░░░░░░░░░░░░░░░░░░░░░░░░░░░░░░░░░░░░░░░░░░░░░░░░░░░░░░░░░░░░░░░░░░░░░░░░░░░░░░░░░░░░░░░░░░░░░░░░░░░░░░░░░░░░░░░░░░░░░░░░░░░░░░░░░░░░░░░░░░░░░░░░░░░░░░░░░░░░░░░░░░░░░░░░░░░░░░░░░░░░░░░░░░░░░░░░░░░░░░░░░░░░░░░░░░░░░░░░░░░░░░░░░░░░░░░░░░░░░░░░░░░░░░░
░░░░░░░░░░░░░░░░░░░
░░░░░░░░░░░░░░░░░░░░░░░░░░░░░░░░░░░░░░░░░░░░░░░░░░░░░░░░░░░░░░░░░░░░░░░░░░░░░░░░░░░░░░░░░░░░░░░░░░░░░░░░░░░░░░░░░░░░░░░░░░░░░░░░░░░░░░░░░░░░░░░░░░░░░░░░░░░░░░░░░░░░░░░░░░░░░░░░░░░░░░░░░░░░░░░░░░░░░░░░░░░░░░░░░░░░░░░░░░░░░░░░░░░░░░░░░░░░░░░░░░░░░░░░░░░░░░░░░░░░░░░░░░░░░░░░░░░░░░░░░░░░░░░░░░░░░░░░░░░░░░░░░░░░░░░░░░░░░░░░░░░░░░░░░░░░░░░░░░░░░░░░░░░░░░░░░░░
░░░░░░░░░░░░░░░░░░░░
░░░░░░░░░░░░░░░░░░░░░░░░░░░░░░░░░░░░░░░░░░░░░░░░░░░░░░░░░░░░░░░░░░░░░░░░░░░░░░░░░░░░░░░░░░░░░░░░░░░░░░░░░░░░░░░░░░░░░░░░░░░░░░░░░░░░
░░░░░░░░░░░░░░░░░░░░░
░░░░░░░░░░░░░░░░░░░░░░░░░░░░░░░░░░░░░░░░░░░░░░░░░░░░░░░░░░░░░░░░░░░░░░░░░░░░░░░░░░░░░░░░░░░░░░░░░░░░░░░░░░░░░░░░░░░░░░░░░░░░░░░░░░░░░░░░░░░░░░░░░░░░░░░░░░░░░░░░░░░░░░░░░
░░░░░░░░░░░░░░░░░░░░░░
░░░░░░░░░░░░░░░░░░░░░░░░░░░░░░░░░░░░░░░░░░░░░░░░░░░░░░░░░░░░░░░░░░░░░░░░░░░░░░░░░░░░░░░░░░░░░░░░░░░░░░░░░░░░░░░░░░░░░░░░░░░░░░░░░░░░░░░░░░░░░░░░░░░░░░░░░░░░░░░░░░░░░░░░░░░░░░░░░░░░░░░░░░░░░░░░░░░░░░░░░░░░░░
░░░░░░░░░░░░░░░░░░░░░░░
░░░░░░░░░░░░░░░░░░░░░░░░░░░░░░░░░░░░░░░░░░░░░░░░░░░░░░░░░░░░░░░░░░░░░░░░░░░░░░░░░░░░░░░░░░░░░░░░░░░░░░░░░░░░░░░░░░░░░░░░░░░░░░░░░░░░░░░░░░░░░░░░░░░░░░░░░░░░░░░░░░░░░░░░░░░░░░░░░░░░░░░░░░░░░░░░░░░░░░░░░░░░░░░░░░░░░░░░░░░░░░░░░░░░░░░░░░░░░░░░░░░
░░░░░░░░░░░░░░░░░░
░░░░░░░░░░░░░░░░░░░░░░░░░░░░░░░░░░░░░░░░░░░░░░░░░░░░░░░░░░░░░░░░░░░░░░░░░░░░░░░░░░░░░░░░░░░░░░░░░░░░░░░░░░░░░░░░░░░░░░░░░░░░░░░░░░░░░░░░░░░░░░░░░░░░░░░░░░░░░░░░░░░░░░░░░░░░░░░░░░░░░░░░░░░░░░░░░░░░░░░░░░░░░░░░░░░░░░░░░░░░░░░░░░░░░░░░░░░░░░░░░░░░░░░░░░░░░░░░░░░░░░░░░░░░░░░░░░░░░░░░
░░░░░░░░░░░░░░░░░░░
░░░░░░░░░░░░░░░░░░░░░░░░░░░░░░░░░░░░░░░░░░░░░░░░░░░░░░░░░░░░░░░░░░░░░░░░░░░░░░░░░░░░░░░░░░░░░░░░░░░░░░░░░░░░░░░░░░░░░░░░░░░░░░░░░░░░░░░░░░░░░░░░░░░░░░░░░░░░░░░░░░░░░░░░░░░░░░░░░░░░░░░░░░░░░░░░░░░░░░░░░░░░░░░░░░░░░░░░░░░░░░░░░░░░░░░░░░░░░░░░░░░░░░░░░░░░░░░░░░░░░░░░░░░░░░░░░░░░░░░░░░░░░░░░░░░░░░░░░░░░░░░░░░░░░░░░░░░░░
░░░░░░░░░░░░░░░░░░░░
░░░░░░░░░░░░░░░░░░░░░░░░░░░░░░░░░░░░░░░░░░░░░░░░░░░░░░░░░░░░░░░░░░░░░░░░░░░░░░░░░░░░░░░░░░░░░░░░░░░░░░░░░░░░░░░░░░░░░░░░░░░░░░░░░░░░░░░░░░░░░░░░░░░░░░░░░░░░░░░░░░░░░░░░░░░░░░░░░░░░░░░░░░░░░░░░░░░░░░░░░░░░░░░░░░░░░░░░░░░░░░░░░░░░░░░░░░░░░░░░░░░░░░░░░░░░░░░░░░░░░░░░░░░░░░░░░░░░░░░░░░░░░░░░░░░░░░░░░░░░░░░░░░░░░░░░░░░░░░░░░░░░░░░░░░░░░░░░░░░░░░░░░░░░░░░░░░
░░░░░░░░░░░░░░░░░░░░░
░░░░░░░░░░░░░░░░░░░░░░░░░░░░░░░░░░░░░░░░░░░░░░░░░░░░░░░░░░░░░░░░░░░░░░░░░░░░░░░░░░░░░░░░░░░░░░░░░░░░░░░░░░░░░░░░░░░░░░░░░░░░░░░░░░░
░░░░░░░░░░░░░░░░░░░░░░
░░░░░░░░░░░░░░░░░░░░░░░░░░░░░░░░░░░░░░░░░░░░░░░░░░░░░░░░░░░░░░░░░░░░░░░░░░░░░░░░░░░░░░░░░░░░░░░░░░░░░░░░░░░░░░░░░░░░░░░░░░░░░░░░░░░░░░░░░░░░░░░░░░░░░░░░░░░░░░░░░░░░░░░░
░░░░░░░░░░░░░░░░░░░░░░░
░░░░░░░░░░░░░░░░░░░░░░░░░░░░░░░░░░░░░░░░░░░░░░░░░░░░░░░░░░░░░░░░░░░░░░░░░░░░░░░░░░░░░░░░░░░░░░░░░░░░░░░░░░░░░░░░░░░░░░░░░░░░░░░░░░░░░░░░░░░░░░░░░░░░░░░░░░░░░░░░░░░░░░░░░░░░░░░░░░░░░░░░░░░░░░░░░░░░░░░░░░░░░
░░░░░░░░░░░░░░░░░░
░░░░░░░░░░░░░░░░░░░░░░░░░░░░░░░░░░ ░░░░░░░░░░░░░░░░░░░░░░░░░░░░░░░░░░░░░░░░░░░░░░░░░░░░░░░░░░░░░░░░░░░░░░░░░░░░░░░░░░░░░░░░░░░░░░░░░░░░░░░░░░░░░░░░░░░░░░░░░░░░░░░░░░░░░░░░░░░░░░░░░░░░░░░░░░░░░░░░░░░░░░░░░░░░░░
░░░░░░░░░░░░░░░░░░░
░░░░░░░░░░░░░░░░░░░░░░░░░░░░░░░░░░░░░░░░░░░░░░░░░░░░░░░░░░░░░░░░░░░░░░░░░░░░░░░░░░░░░░░░░░░░░░░░░░░░░░░░░░░░░░░░░░░░░░░░░░░░░░░░░░░░░░░░░░░░░░░░░░░░░░░░░░░░░░░░░░░░░░░░░░░░░░░░░░░░░░░░░░░░░░░░░░░░░░░░░░░░░░░░░░░░░░░░░░░░░░░░░░░░░░░░░░░░░░░░░░░░░░░░░░░░░░░░░░░░░░░░░░░░░░░░░░░░░░░
░░░░░░░░░░░░░░░░░░░░
░░░░░░░░░░░░░░░░░░░░░░░░░░░░░░░░░░░░░░░░░░░░░░░░░░░░░░░░░░░░░░░░░░░░░░░░░░░░░░░░░░░░░░░░░░░░░░░░░░░░░░░░░░░░░░░░░░░░░░░░░░░░░░░░░░░░░░░░░░░░░░░░░░░░░░░░░░░░░░░░░░░░░░░░░░░░░░░░░░░░░░░░░░░░░░░░░░░░░░░░░░░░░░░░░░░░░░░░░░░░░░░░░░░░░░░░░░░░░░░░░░░░░░░░░░░░░░░░░░░░░░░░░░░░░░░░░░░░░░░░░░░░░░░░░░░░░░░░░░░░░░░░░░░░░░░░░░░░
░░░░░░░░░░░░░░░░░░░░░
░░░░░░░░░░░░░░░░░░░░░░░░░░░░░░░░░░░░░░░░░░░░░░░░░░░░░░░░░░░░░░░░░░░░░░░░░░░░░░░░░░░░░░░░░░░░░░░░░░░░░░░░░░░░░░░░░░░░░░░░░░░░░░░░░░░░░░░░░░░░░░░░░░░░░░░░░░░░░░░░░░░░░░░░░░░░░░░░░░░░░░░░░░░░░░░░░░░░░░░░░░░░░░░░░░░░░░░░░░░░░░░░░░░░░░░░░░░░░░░░░░░░░░░░░░░░░░░░░░░░░░░░░░░░░░░░░░░░░░░░░░░░░░░░░░░░░░░░░░░░░░░░░░░░░░░░░░░░░░░░░░░░░░░░░░░░░░░░░░░░░░░░░░░░░░░░░
░░░░░░░░░░░░░░░░░░░░░░
░░░░░░░░░░░░░░░░░░░░░░░░░░░░░░░░░░░░░░░░░░░░░░░░░░░░░░░░░░░░░░░░░░░░░░░░░░░░░░░░░░░░░░░░░░░░░░░░░░░░░░░░░░░░░░░░░░░░░░░░░░░░░░░░░░
░░░░░░░░░░░░░░░░░░░░░░░
░░░░░░░░░░░░░░░░░░░░░░░░░░░░░░░░░░░░░░░░░░░░░░░░░░░░░░░░░░░░░░░░░░░░░░░░░░░░░░░░░░░░░░░░░░░░░░░░░░░░░░░░░░░░░░░░░░░░░░░░░░░░░░░░░░░░░░░░░░░░░░░░░░░░░░░░░░░░░░░░░░░░░░░
░░░░░░░░░░░░░░░░░░
░░░░░░░░░░░░░░░░░░░░░░░░░░░░░░░░░░░░░░░░░░░░░░░░░░░░░░░░░░░░░░░░░░░░░░░░░░░░░░░░░░░░░░░░░░░░░░░░░░░░░░░░░░░░░░░░░░░░░░░░░░░░░░░░░░░░░░░░░░░░░░░░░░░░░░░░░░░░░░░░░░░░░░░░░░░░░░░░░░░░░░░░░░░░░░░░░░░░░░░░░░░░
░░░░░░░░░░░░░░░░░░░
░░░░░░░░░░░░░░░░░░░░░░░░░░░░░░░░░░░░░░░░░░░░░░░░░░░░░░░░░░░░░░░░░░░░░░░░░░░░░░░░░░░░░░░░░░░░░░░░░░░░░░░░░░░░░░░░░░░░░░░░░░░░░░░░░░░░░░░░░░░░░░░░░░░░░░░░░░░░░░░░░░░░░░░░░░░░░░░░░░░░░░░░░░░░░░░░░░░░░░░░░░░░░░░░░░░░░░░░░░░░░░░░░░░░░░░░░░░░░░░░░
░░░░░░░░░░░░░░░░░░░░
░░░░░░░░░░░░░░░░░░░░░░░░░░░░░░░░░░░░░░░░░░░░░░░░░░░░░░░░░░░░░░░░░░░░░░░░░░░░░░░░░░░░░░░░░░░░░░░░░░░░░░░░░░░░░░░░░░░░░░░░░░░░░░░░░░░░░░░░░░░░░░░░░░░░░░░░░░░░░░░░░░░░░░░░░░░░░░░░░░░░░░░░░░░░░░░░░░░░░░░░░░░░░░░░░░░░░░░░░░░░░░░░░░░░░░░░░░░░░░░░░░░░░░░░░░░░░░░░░░░░░░░░░░░░░░░░░░░░░░
░░░░░░░░░░░░░░░░░░░░░
░░░░░░░░░░░░░░░░░░░░░░░░░░░░░░░░░░░░░░░░░░░░░░░░░░░░░░░░░░░░░░░░░░░░░░░░░░░░░░░░░░░░░░░░░░░░░░░░░░░░░░░░░░░░░░░░░░░░░░░░░░░░░░░░░░░░░░░░░░░░░░░░░░░░░░░░░░░░░░░░░░░░░░░░░░░░░░░░░░░░░░░░░░░░░░░░░░░░░░░░░░░░░░░░░░░░░░░░░░░░░░░░░░░░░░░░░░░░░░░░░░░░░░░░░░░░░░░░░░░░░░░░░░░░░░░░░░░░░░░░░░░░░░░░░░░░░░░░░░░░░░░░░░░░░░░░░░░
░░░░░░░░░░░░░░░░░░░░░░
░░░░░░░░░░░░░░░░░░░░░░░░░░░░░░░░░░░░░░░░░░░░░░░░░░░░░░░░░░░░░░░░░░░░░░░░░░░░░░░░░░░░░░░░░░░░░░░░░░░░░░░░░░░░░░░░░░░░░░░░░░░░░░░░░░░░░░░░░░░░░░░░░░░░░░░░░░░░░░░░░░░░░░░░░░░░░░░░░░░░░░░░░░░░░░░░░░░░░░░░░░░░░░░░░░░░░░░░░░░░░░░░░░░░░░░░░░░░░░░░░░░░░░░░░░░░░░░░░░░░░░░░░░░░░░░░░░░░░░░░░░░░░░░░░░░░░░░░░░░░░░░░░░░░░░░░░░░░░░░░░░░░░░░░░░░░░░░░░░░░░░░░░░░░░░░░
░░░░░░░░░░░░░░░░░░░░░░░
░░░░░░░░░░░░░░░░░░░░░░░░░░░░░░░░░░░░░░░░░░░░░░░░░░░░░░░░░░░░░░░░░░░░░░░░░░░░░░░░░░░░░░░░░░░░░░░░░░░░░░░░░░░░░░░░░░░░░░░░░░░░░░░░░
░░░░░░░░░░░░░░░░░░
░░░░░░░░░░░░░░░░░░░░░░░░░░░░░░░░░░░░░░░░░░░░░░░░░░░░░░░░░░░░░░░░░░░░░░░░░░░░░░░░░░░░░░░░░░░░░░░░░░░░░░░░░░░░░░░░░░░░░░░░░░░░░░░░░░░░░░░░░░░░░░░░░░░░░░░░░░░░░░░░░░░░░░
░░░░░░░░░░░░░░░░░░░
░░░░░░░░░░░░░░░░░░░░░░░░░░░░░░░░░░░░░░░░░░░░░░░░░░░░░░░░░░░░░░░░░░░░░░░░░░░░░░░░░░░░░░░░░░░░░░░░░░░░░░░░░░░░░░░░░░░░░░░░░░░░░░░░░░░░░░░░░░░░░░░░░░░░░░░░░░░░░░░░░░░░░░░░░░░░░░░░░░░░░░░░░░░░░░░░░░░░░░░░░░░
░░░░░░░░░░░░░░░░░░░░
░░░░░░░░░░░░░░░░░░░░░░░░░░░░░░░░░░░░░░░░░░░░░░░░░░░░░░░░░░░░░░░░░░░░░░░░░░░░░░░░░░░░░░░░░░░░░░░░░░░░░░░░░░░░░░░░░░░░░░░░░░░░░░░░░░░░░░░░░░░░░░░░░░░░░░░░░░░░░░░░░░░░░░░░░░░░░░░░░░░░░░░░░░░░░░░░░░░░░░░░░░░░░░░░░░░░░░░░░░░░░░░░░░░░░░░░░░░░░░░░
░░░░░░░░░░░░░░░░░░░░░
░░░░░░░░░░░░░░░░░░░░░░░░░░░░░░░░░░░░░░░░░░░░░░░░░░░░░░░░░░░░░░░░░░░░░░░░░░░░░░░░░░░░░░░░░░░░░░░░░░░░░░░░░░░░░░░░░░░░░░░░░░░░░░░░░░░░░░░░░░░░░░░░░░░░░░░░░░░░░░░░░░░░░░░░░░░░░░░░░░░░░░░░░░░░░░░░░░░░░░░░░░░░░░░░░░░░░░░░░░░░░░░░░░░░░░░░░░░░░░░░░░░░░░░░░░░░░░░░░░░░░░░░░░░░░░░░░░░░░
░░░░░░░░░░░░░░░░░░░░░░
░░░░░░░░░░░░░░░░░░░░░░░░░░░░░░░░░░░░░░░░░░░░░░░░░░░░░░░░░░░░░░░░░░░░░░░░░░░░░░░░░░░░░░░░░░░░░░░░░░░░░░░░░░░░░░░░░░░░░░░░░░░░░░░░░░░░░░░░░░░░░░░░░░░░░░░░░░░░░░░░░░░░░░░░░░░░░░░░░░░░░░░░░░░░░░░░░░░░░░░░░░░░░░░░░░░░░░░░░░░░░░░░░░░░░░░░░░░░░░░░░░░░░░░░░░░░░░░░░░░░░░░░░░░░░░░░░░░░░░░░░░░░░░░░░░░░░░░░░░░░░░░░░░░░░░░░░░
░░░░░░░░░░░░░░░░░░░░░░░
░░░░░░░░░░░░░░░░░░░░░░░░░░░░░░░░░░░░░░░░░░░░░░░░░░░░░░░░░░░░░░░░░░░░░░░░░░░░░░░░░░░░░░░░░░░░░░░░░░░░░░░░░░░░░░░░░░░░░░░░░░░░░░░░░░░░░░░░░░░░░░░░░░░░░░░░░░░░░░░░░░░░░░░░░░░░░░░░░░░░░░░░░░░░░░░░░░░░░░░░░░░░░░░░░░░░░░░░░░░░░░░░░░░░░░░░░░░░░░░░░░░░░░░░░░░░░░░░░░░░░░░░░░░░░░░░░░░░░░░░░░░░░░░░░░░░░░░░░░░░░░░░░░░░░░░░░░░░░░░░░░░░░░░░░░░░░░░░░░░░░░░░░░░░░░░
░░░░░░░░░░░░░░░░░░
░░░░░░░░░░░░░░░░░░░░░░░░░░░░░░░░░░░░░░░░░░░░░░░░░░░░░░░░░░░░░░░░░░░░░░░░░░░░░░░░░░░░░░░░░░░░░░░░░░░░░░░░░░░░░░░░░░░░░░░░░░░░░░░░
░░░░░░░░░░░░░░░░░░░
░░░░░░░░░░░░░░░░░░░░░░░░░░░░░░░░░░░░░░░░░░░░░░░░░░░░░░░░░░░░░░░░░░░░░░░░░░░░░░░░░░░░░░░░░░░░░░░░░░░░░░░░░░░░░░░░░░░░░░░░░░░░░░░░░░░░░░░░░░░░░░░░░░░░░░░░░░░░░░░░░░░░░
░░░░░░░░░░░░░░░░░░░░
░░░░░░░░░░░░░░░░░░░░░░░░░░░░░░░░░░░░░░░░░░░░░░░░░░░░░░░░░░░░░░░░░░░░░░░░░░░░░░░░░░░░░░░░░░░░░░░░░░░░░░░░░░░░░░░░░░░░░░░░░░░░░░░░░░░░░░░░░░░░░░░░░░░░░░░░░░░░░░░░░░░░░░░░░░░░░░░░░░░░░░░░░░░░░░░░░░░░░░░░░░
░░░░░░░░░░░░░░░░░░░░░
░░░░░░░░░░░░░░░░░░░░░░░░░░░░░░░░░░░░░░░░░░░░░░░░░░░░░░░░░░░░░░░░░░░░░░░░░░░░░░░░░░░░░░░░░░░░░░░░░░░░░░░░░░░░░░░░░░░░░░░░░░░░░░░░░░░░░░░░░░░░░░░░░░░░░░░░░░░░░░░░░░░░░░░░░░░░░░░░░░░░░░░░░░░░░░░░░░░░░░░░░░░░░░░░░░░░░░░░░░░░░░░░░░░░░░░░░░░░░░░
░░░░░░░░░░░░░░░░░░░░░░
░░░░░░░░░░░░░░░░░░░░░░░░░░░░░░░░░░░░░░░░░░░░░░░░░░░░░░░░░░░░░░░░░░░░░░░░░░░░░░░░░░░░░░░░░░░░░░░░░░░░░░░░░░░░░░░░░░░░░░░░░░░░░░░░░░░░░░░░░░░░░░░░░░░░░░░░░░░░░░░░░░░░░░░░░░░░░░░░░░░░░░░░░░░░░░░░░░░░░░░░░░░░░░░░░░░░░░░░░░░░░░░░░░░░░░░░░░░░░░░░░░░░░░░░░░░░░░░░░░░░░░░░░░░░░░░░░░░░
░░░░░░░░░░░░░░░░░░░░░░░
5/8 中缝
公告专栏
░░░░░░░░░░░░░░░░░░░░░░░░░░░░░░░░░░░░░░░░░░░░░░░░░░░░░░░░░░░░░░░░░░░░░░░░░░░░░░░░░░░░░░░░░░░░░░░░░░░░░░░░░░░░░░░░░░░░░░░░░░░░░░░░░░░░░░░░░░░░░░░░░░░░░░░░░░░░░░░░░░░░░░░░░░░░░░░░░░░░░░░░░░░░░░░░░░░░░░░░░░░░░░░░░░░░░░░░░░░░░░░░░░
░░░░░░░░░░░░░░░░░░
░░░░░░░░░░░░░░░░░░░░░░░░░░░░░░░░░░░░░░░░░░░░░░░░░░░░░░░░░░░░░░░░░░░░░░░░░░░░░░░░░░░░░░░░░░░░░░░░░░░░░░░░░░░░░░░░░░░░░░░░░░░░░░░░░░░░░░░░░░░░░░░░░░░░░░░░░░░░░░░░░░░░░░░░░░░░░░░░░░░░░░░░░░░░░░░░░░░░░░░░░░░░░░░░░░░░░░░░░░░░░░░░░░░░░░░░░░░░░░░░░░░░░░░░░░░░░░░░░░░░░░░
░░░░░░░░░░░░░░░░░░░
░░░░░░░░░░░░░░░░░░░░░░░░░░░░░░░░░░░░░░░░░░░░░░░░░░░░░░░░░░░░░░░░░░░░░░░░░░░░░░░░░░░░░░░░░░░░░░░░░░░░░░░░░░░░░░░░░░░░░░░░░░░░░░░░░░░░░░░░░░░░░░░░░░░░░░░░░░░░░░░░░░░░░░░░░░░░░░░░░░░░░░░░░░░░░░░░░░░░░░░░░░░░░░░░░░░░░░░░░░░░░░░░░░░░░░░░░░░░░░░░░░░░░░░░░░░░░░░░░░░░░░░░░░░░░░░░░░░░░░░░░░░░░░░░░░░░░░░░░░░░
░░░░░░░░░░░░░░░░░░░░
░░░░░░░░░░░░░░░░░░░░░░░░░░░░░░░░░░░░░░░░░░░░░░░░░░░░░░░░░░░░░░░░░░░░░░░░░░░░░░░░░░░░░░░░░░░░░░░░░░░░░░░░░░░░░░░░░░░░░░░░░░░░░░░░░░░░░░░░░░░░░░░░░░░░░░░░░░░░░░░░░░░░░░░░░░░░░░░░░░░░░░░░░░░░░░░░░░░░░░░░░░░░░░░░░░░░░░░░░░░░░░░░░░░░░░░░░░░░░░░░░░░░░░░░░░░░░░░░░░░░░░░░░░░░░░░░░░░░░░░░░░░░░░░░░░░░░░░░░░░░░░░░░░░░░░░░░░░░░░░░░░░░░░░░░░░░░░░░░
░░░░░░░░░░░░░░░░░░░░░
░░░░░░░░░░░░░░░░░░░░░░░░░░░░░░░░░░░░░░░░░░░░░░░░░░░░░░░░░░░░░░░░░░░░░░░░░░░░░░░░░░░░░░░░░░░░░░░░░░░░░░░░░░░░░░░░░░░░░░░░░░░░░░░░░░░░░░░░░░░░░░░░░░░░░░░░░░░░░░░░░░░░░░░░░░░░░░░░░░░░░░░░░░░░░░░░░░░░░░░░░░░░░░░░░░░░░░░░░░░░░░░░░░░░░░░░░░░░░░░░░░░░░░░░░░░░░░░░░░░░░░░░░░░░░░░░░░░░░░░░░░░░░░░░░░░░░░░░░░░░░░░░░░░░░░░░░░░░░░░░░░░░░░░░░░░░░░░░░░░░░░░░░░░░░░░░░░░░░░░░░░░░░░░░░░░░░░
░░░░░░░░░░░░░░░░░░░░░░
░░░░░░░░░░░░░░░░░░░░░░░░░░░░░░░░░░░░░░░░░░░░░░░░░░░░░░░░░░░░░░░░░░░░░░░░░░░░░░░░░░░░░░░░░░░░░░░░░░░░░░░░░░░░░░░░░░░░░░░░░░░░░░░░░░░░░░░░░░░░░░░░░░░░░░░
░░░░░░░░░░░░░░░░░░░░░░░
░░░░░░░░░░░░░░░░░░░░░░░░░░░░░░░░░░░░░░░░░░░░░░░░░░░░░░░░░░░░░░░░░░░░░░░░░░░░░░░░░░░░░░░░░░░░░░░░░░░░░░░░░░░░░░░░░░░░░░░░░░░░░░░░░░░░░░░░░░░░░░░░░░░░░░░░░░░░░░░░░░░░░░░░░░░░░░░░░░░░░░░░░░░░
░░░░░░░░░░░░░░░░░░
░░░░░░░░░░░░░░░░░░░░░░░░░░░░░░░░░░░░░░░░░░░░░░░░░░░░░░░░░░░░░░░░░░░░░░░░░░░░░░░░░░░░░░░░░░░░░░░░░░░░░░░░░░░░░░░░░░░░░░░░░░░░░░░░░░░░░░░░░░░░░░░░░░░░░░░░░░░░░░░░░░░░░░░░░░░░░░░░░░░░░░░░░░░░░░░░░░░░░░░░░░░░░░░░░░░░░░░░░░░░░░░░░
░░░░░░░░░░░░░░░░░░░
░░░░░░░░░░░░░░░░░░░░░░░░░░░░░░░░░░░░░░░░░░░░░░░░░░░░░░░░░░░░░░░░░░░░░░░░░░░░░░░░░░░░░░░░░░░░░░░░░░░░░░░░░░░░░░░░░░░░░░░░░░░░░░░░░░░░░░░░░░░░░░░░░░░░░░░░░░░░░░░░░░░░░░░░░░░░░░░░░░░░░░░░░░░░░░░░░░░░░░░░░░░░░░░░░░░░░░░░░░░░░░░░░░░░░░░░░░░░░░░░░░░░░░░░░░░░░░░░░░░░░░
░░░░░░░░░░░░░░░░░░░░
░░░░░░░░░░░░░░░░░░░░░░░░░░░░░░░░░░░░░░░░░░░░░░░░░░░░░░░░░░░░░░░░░░░░░░░░░░░░░░░░░░░░░░░░░░░░░░░░░░░░░░░░░░░░░░░░░░░░░░░░░░░░░░░░░░░░░░░░░░░░░░░░░░░░░░░░░░░░░░░░░░░░░░░░░░░░░░░░░░░░░░░░░░░░░░░░░░░░░░░░░░░░░░░░░░░░░░░░░░░░░░░░░░░░░░░░░░░░░░░░░░░░░░░░░░░░░░░░░░░░░░░░░░░░░░░░░░░░░░░░░░░░░░░░░░░░░░░░░░░
░░░░░░░░░░░░░░░░░░░░░
░░░░░░░░░░░░░░░░░░░░░░░░░░░░░░░░░░░░░░░░░░░░░░░░░░░░░░░░░░░░░░░░░░░░░░░░░░░░░░░░░░░░░░░░░░░░░░░░░░░░░░░░░░░░░░░░░░░░░░░░░░░░░░░░░░░░░░░░░░░░░░░░░░░░░░░░░░░░░░░░░░░░░░░░░░░░░░░░░░░░░░░░░░░░░░░░░░░░░░░░░░░░░░░░░░░░░░░░░░░░░░░░░░░░░░░░░░░░░░░░░░░░░░░░░░░░░░░░░░░░░░░░░░░░░░░░░░░░░░░░░░░░░░░░░░░░░░░░░░░░░░░░░░░░░░░░░░░░░░░░░░░░░░░░░░░░░░░░
░░░░░░░░░░░░░░░░░░░░░░
░░░░░░░░░░░░░░░░░░░░░░░░░░░░░░░░░░░░░░░░░░░░░░░░░░░░░░░░░░░░░░░░░░░░░░░░░░░░░░░░░░░░░░░░░░░░░░░░░░░░░░░░░░░░░░░░░░░░░░░░░░░░░░░░░░░░░░░░░░░░░░░░░░░░░░░░░░░░░░░░░░░░░░░░░░░░░░░░░░░░░░░░░░░░░░░░░░░░░░░░░░░░░░░░░░░░░░░░░░░░░░░░░░░░░░░░░░░░░░░░░░░░░░░░░░░░░░░░░░░░░░░░░░░░░░░░░░░░░░░░░░░░░░░░░░░░░░░░░░░░░░░░░░░░░░░░░░░░░░░░░░░░░░░░░░░░░░░░░░░░░░░░░░░░░░░░░░░░░░░░░░░░░░░░░░░░░
░░░░░░░░░░░░░░░░░░░░░░░
░░░░░░░░░░░░░░░░░░░░░░░░░░░░░░░░░░░░░░░░░░░░░░░░░░░░░░░░░░░░░░░░░░░░░░░░░░░░░░░░░░░░░░░░░░░░░░░░░░░░░░░░░░░░░░░░░░░░░░░░░░░░░░░░░░░░░░░░░░░░░░░░░░░░░░
░░░░░░░░░░░░░░░░░░
░░░░░░░░░░░░░░░░░░░░░░░░░░░░░░░░░░░░░░░░░░░░░░░░░░░░░░░░░░░░░░░░░░░░░░░░░░░░░░░░░░░░░░░░░░░░░░░░░░░░░░░░░░░░░░░░░░░░░░░░░░░░░░░░░░░░░░░░░░░░░░░░░░░░░░░░░░░░░░░░░░░░░░░░░░░░░░░░░░░░░░░░░░░
░░░░░░░░░░░░░░░░░░░
░░░░░░░░░░░░░░░░░░░░░░░░░░░░░░░░░░░░░░░░░░░░░░░░░░░░░░░░░░░░░░░░░░░░░░░░░░░░░░░░░░░░░░░░░░░░░░░░░░░░░░░░░░░░░░░░░░░░░░░░░░░░░░░░░░░░░░░░░░░░░░░░░░░░░░░░░░░░░░░░░░░░░░░░░░░░░░░░░░░░░░░░░░░░░░░░░░░░░░░░░░░░░░░░░░░░░░░░░░░░░░░░
░░░░░░░░░░░░░░░░░░░░
░░░░░░░░░░░░░░░░░░░░░░░░░░░░░░░░░░░░░░░░░░░░░░░░░░░░░░░░░░░░░░░░░░░░░░░░░░░░░░░░░░░░░░░░░░░░░░░░░░░░░░░░░░░░░░░░░░░░░░░░░░░░░░░░░░░░░░░░░░░░░░░░░░░░░░░░░░░░░░░░░░░░░░░░░░░░░░░░░░░░░░░░░░░░░░░░░░░░░░░░░░░░░░░░░░░░░░░░░░░░░░░░░░░░░░░░░░░░░░░░░░░░░░░░░░░░░░░░░░░░░
░░░░░░░░░░░░░░░░░░░░░
░░░░░░░░░░░░░░░░░░░░░░░░░░░░░░░░░░░░░░░░░░░░░░░░░░░░░░░░░░░░░░░░░░░░░░░░░░░░░░░░░░░░░░░░░░░░░░░░░░░░░░░░░░░░░░░░░░░░░░░░░░░░░░░░░░░░░░░░░░░░░░░░░░░░░░░░░░░░░░░░░░░░░░░░░░░░░░░░░░░░░░░░░░░░░░░░░░░░░░░░░░░░░░░░░░░░░░░░░░░░░░░░░░░░░░░░░░░░░░░░░░░░░░░░░░░░░░░░░░░░░░░░░░░░░░░░░░░░░░░░░░░░░░░░░░░░░░░░░░
░░░░░░░░░░░░░░░░░░░░░░
░░░░░░░░░░░░░░░░░░░░░░░░░░░░░░░░░░░░░░░░░░░░░░░░░░░░░░░░░░░░░░░░░░░░░░░░░░░░░░░░░░░░░░░░░░░░░░░░░░░░░░░░░░░░░░░░░░░░░░░░░░░░░░░░░░░░░░░░░░░░░░░░░░░░░░░░░░░░░░░░░░░░░░░░░░░░░░░░░░░░░░░░░░░░░░░░░░░░░░░░░░░░░░░░░░░░░░░░░░░░░░░░░░░░░░░░░░░░░░░░░░░░░░░░░░░░░░░░░░░░░░░░░░░░░░░░░░░░░░░░░░░░░░░░░░░░░░░░░░░░░░░░░░░░░░░░░░░░░░░░░░░░░░░░░░░░░░░
░░░░░░░░░░░░░░░░░░░░░░░
░░░░░░░░░░░░░░░░░░░░░░░░░░░░░░░░░░░░░░░░░░░░░░░░░░░░░░░░░░░░░░░░░░░░░░░░░░░░░░░░░░░░░░░░░░░░░░░░░░░░░░░░░░░░░░░░░░░░░░░░░░░░░░░░░░░░░░░░░░░░░░░░░░░░░░░░░░░░░░░░░░░░░░░░░░░░░░░░░░░░░░░░░░░░░░░░░░░░░░░░░░░░░░░░░░░░░░░░░░░░░░░░░░░░░░░░░░░░░░░░░░░░░░░░░░░░░░░░░░░░░░░░░░░░░░░░░░░░░░░░░░░░░░░░░░░░░░░░░░░░░░░░░░░░░░░░░░░░░░░░░░░░░░░░░░░░░░░░░░░░░░░░░░░░░░░░░░░░░░░░░░░░░░░░░░░░
░░░░░░░░░░░░░░░░░░
░░░░░░░░░░░░░░░░░░░░░░░░░░░░░░░░░░░░░░░░░░░░░░░░░░░░░░░░░░░░░░░░░░░░░░░░░░░░░░░░░░░░░░░░░░░░░░░░░░░░░░░░░░░░░░░░░░░░░░░░░░░░░░░░░░░░░░░░░░░░░░░░░░░░░
░░░░░░░░░░░░░░░░░░░
░░░░░░░░░░░░░░░░░░░░░░░░░░░░░░░░░░░░░░░░░░░░░░░░░░░░░░░░░░░░░░░░░░░░░░░░░░░░░░░░░░░░░░░░░░░░░░░░░░░░░░░░░░░░░░░░░░░░░░░░░░░░░░░░░░░░░░░░░░░░░░░░░░░░░░░░░░░░░░░░░░░░░░░░░░░░░░░░░░░░░░░░░░
░░░░░░░░░░░░░░░░░░░░
░░░░░░░░░░░░░░░░░░░░░░░░░░░░░░░░░░░░░░░░░░░░░░░░░░░░░░░░░░░░░░░░░░░░░░░░░░░░░░░░░░░░░░░░░░░░░░░░░░░░░░░░░░░░░░░░░░░░░░░░░░░░░░░░░░░░░░░░░░░░░░░░░░░░░░░░░░░░░░░░░░░░░░░░░░░░░░░░░░░░░░░░░░░░░░░░░░░░░░░░░░░░░░░░░░░░░░░░░░░░░░░
░░░░░░░░░░░░░░░░░░░░░
░░░░░░░░░░░░░░░░░░░░░░░░░░░░░░░░░░░░░░░░░░░░░░░░░░░░░░░░░░░░░░░░░░░░░░░░░░░░░░░░░░░░░░░░░░░░░░░░░░░░░░░░░░░░░░░░░░░░░░░░░░░░░░░░░░░░░░░░░░░░░░░░░░░░░░░░░░░░░░░░░░░░░░░░░░░░░░░░░░░░░░░░░░░░░░░░░░░░░░░░░░░░░░░░░░░░░░░░░░░░░░░░░░░░░░░░░░░░░░░░░░░░░░░░░░░░░░░░░░░░
░░░░░░░░░░░░░░░░░░░░░░
░░░░░░░░░░░░░░░░░░░░░░░░░░░░░░░░░░░░░░░░░░░░░░░░░░░░░░░░░░░░░░░░░░░░░░░░░░░░░░░░░░░░░░░░░░░░░░░░░░░░░░░░░░░░░░░░░░░░░░░░░░░░░░░░░░░░░░░░░░░░░░░░░░░░░░░░░░░░░░░░░░░░░░░░░░░░░░░░░░░░░░░░░░░░░░░░░░░░░░░░░░░░░░░░░░░░░░░░░░░░░░░░░░░░░░░░░░░░░░░░░░░░░░░░░░░░░░░░░░░░░░░░░░░░░░░░░░░░░░░░░░░░░░░░░░░░░░░░░
░░░░░░░░░░░░░░░░░░░░░░░
░░░░░░░░░░░░░░░░░░░░░░░░░░░░░░░░░░░░░░░░░░░░░░░░░░░░░░░░░░░░░░░░░░░░░░░░░░░░░░░░░░░░░░░░░░░░░░░░░░░░░░░░░░░░░░░░░░░░░░░░░░░░░░░░░░░░░░░░░░░░░░░░░░░░░░░░░░░░░░░░░░░░░░░░░░░░░░░░░░░░░░░░░░░░░░░░░░░░░░░░░░░░░░░░░░░░░░░░░░░░░░░░░░░░░░░░░░░░░░░░░░░░░░░░░░░░░░░░░░░░░░░░░░░░░░░░░░░░░░░░░░░░░░░░░░░░░░░░░░░░░░░░░░░░░░░░░░░░░░░░░░░░░░░░░░░░░░
░░░░░░░░░░░░░░░░░░
░░░░░░░░░░░░░░░░░░░░░░░░░░░░░░░░░░░░░░░░░░░░░░░░░░░░░░░░░░░░░░░░░░░░░░░░░░░░░░░░░░░░░░░░░░░░░░░░░░░░░░░░░░░░░░░░░░░░░░░░░░░░░░░░░░░░░░░░░░░░░░░░░░░░░░░░░░░░░░░░░░░░░░░░░░░░░░░░░░░░░░░░░░░░░░░░░░░░░░░░░░░░░░░░░░░░░░░░░░░░░░░░░░░░░░░░░░░░░░░░░░░░░░░░░░░░░░░░░░░░░░░░░░░░░░░░░░░░░░░░░░░░░░░░░░░░░░░░░░░░░░░░░░░░░░░░░░░░░░░░░░░░░░░░░░░░░░░░░░░░░░░░░░░░░░░░░░░░░░░░░░░░░░░░░░░
░░░░░░░░░░░░░░░░░░░
░░░░░░░░░░░░░░░░░░░░░░░░░░░░░░░░░░░░░░░░░░░░░░░░░░░░░░░░░░░░░░░░░░░░░░░░░░░░░░░░░░░░░░░░░░░░░░░░░░░░░░░░░░░░░░░░░░░░░░░░░░░░░░░░░░░░░░░░░░░░░░░░░░░░
░░░░░░░░░░░░░░░░░░░░
░░░░░░░░░░░░░░░░░░░░░░░░░░░░░░░░░░░░░░░░░░░░░░░░░░░░░░░░░░░░░░░░░░░░░░░░░░░░░░░░░░░░░░░░░░░░░░░░░░░░░░░░░░░░░░░░░░░░░░░░░░░░░░░░░░░░░░░░░░░░░░░░░░░░░░░░░░░░░░░░░░░░░░░░░░░░░░░░░░░░░░░░░
░░░░░░░░░░░░░░░░░░░░░
░░░░░░░░░░░░░░░░░░░░░░░░░░░░░░░░░░░░░░░░░░░░░░░░░░░░░░░░░░░░░░░░░░░░░░░░░░░░░░░░░░░░░░░░░░░░░░░░░░░░░░░░░░░░░░░░░░░░░░░░░░░░░░░░░░░░░░░░░░░░░░░░░░░░░░░░░░░░░░░░░░░░░░░░░░░░░░░░░░░░░░░░░░░░░░░░░░░░░░░░░░░░░░░░░░░░░░░░░░░░░░
░░░░░░░░░░░░░░░░░░░░░░
░░░░░░░░░░░░░░░░░░░░░░░░░░░░░░░░░░░░░░░░░░░░░░░░░░░░░░░░░░░░░░░░░░░░░░░░░░░░░░░░░░░░░░░░░░░░░░░░░░░░░░░░░░░░░░░░░░░░░░░░░░░░░░░░░░░░░░░░░░░░░░░░░░░░░░░░░░░░░░░░░░░░░░░░░░░░░░░░░░░░░░░░░░░░░░░░░░░░░░░░░░░░░░░░░░░░░░░░░░░░░░░░░░░░░░░░░░░░░░░░░░░░░░░░░░░░░░░░░░░
░░░░░░░░░░░░░░░░░░░░░░░
░░░░░░░░░░░░░░░░░░░░░░░░░░░░░░░░░░░░░░░░░░░░░░░░░░░░░░░░░░░░░░░░░░░░░░░░░░░░░░░░░░░░░░░░░░░░░░░░░░░░░░░░░░░░░░░░░░░░░░░░░░░░░░░░░░░░░░░░░░░░░░░░░░░░░░░░░░░░░░░░░░░░░░░░░░░░░░░░░░░░░░░░░░░░░░░░░░░░░░░░░░░░░░░░░░░░░░░░░░░░░░░░░░░░░░░░░░░░░░░░░░░░░░░░░░░░░░░░░░░░░░░░░░░░░░░░░░░░░░░░░░░░░░░░░░░░░░░░
░░░░░░░░░░░░░░░░░░
░░░░░░░░░░░░░░░░░░░░░░░░░░░░░░░░░░░░░░░░░░░░░░░░░░░░░░░░░░░░░░░░░░░░░░░░░░░░░░░░░░░░░░░░░░░░░░░░░░░░░░░░░░░░░░░░░░░░░░░░░░░░░░░░░░░░░░░░░░░░░░░░░░░░░░░░░░░░░░░░░░░░░░░░░░░░░░░░░░░░░░░░░░░░░░░░░░░░░░░░░░░░░░░░░░░░░░░░░░░░░░░░░░░░░░░░░░░░░░░░░░░░░░░░░░░░░░░░░░░░░░░░░░░░░░░░░░░░░░░░░░░░░░░░░░░░░░░░░░░░░░░░░░░░░░░░░░░░░░░░░░░░░░░░░░░░░
░░░░░░░░░░░░░░░░░░░
░░░░░░░░░░░░░░░░░░░░░░░░░░░░░░░░░░░░░░░░░░░░░░░░░░░░░░░░░░░░░░░░░░░░░░░░░░░░░░░░░░░░░░░░░░░░░░░░░░░░░░░░░░░░░░░░░░░░░░░░░░░░░░░░░░░░░░░░░░░░░░░░░░░░░░░░░░░░░░░░░░░░░░░░░░░░░░░░░░░░░░░░░░░░░░░░░░░░░░░░░░░░░░░░░░░░░░░░░░░░░░░░░░░░░░░░░░░░░░░░░░░░░░░░░░░░░░░░░░░░░░░░░░░░░░░░░░░░░░░░░░░░░░░░░░░░░░░░░░░░░░░░░░░░░░░░░░░░░░░░░░░░░░░░░░░░░░░░░░░░░░░░░░░░░░░░░░░░░░░░░░░░░░░░░░
░░░░░░░░░░░░░░░░░░░░
░░░░░░░░░░░░░░░░░░░░░░░░░░░░░░░░░░░░░░░░░░░░░░░░░░░░░░░░░░░░░░░░░░░░░░░░░░░░░░░░░░░░░░░░░░░░░░░░░░░░░░░░░░░░░░░░░░░░░░░░░░░░░░░░░░░░░░░░░░░░░░░░░░░
░░░░░░░░░░░░░░░░░░░░░
░░░░░░░░░░░░░░░░░░░░░░░░░░░░░░░░░░░░░░░░░░░░░░░░░░░░░░░░░░░░░░░░░░░░░░░░░░░░░░░░░░░░░░░░░░░░░░░░░░░░░░░░░░░░░░░░░░░░░░░░░░░░░░░░░░░░░░░░░░░░░░░░░░░░░░░░░░░░░░░░░░░░░░░░░░░░░░░░░░░░░░░░
░░░░░░░░░░░░░░░░░░░░░░
░░░░░░░░░░░░░░░░░░░░░░░░░░░░░░░░░░░░░░░░░░░░░░░░░░░░░░░░░░░░░░░░░░░░░░░░░░░░░░░░░░░░░░░░░░░░░░░░░░░░░░░░░░░░░░░░░░░░░░░░░░░░░░░░░░░░░░░░░░░░░░░░░░░░░░░░░░░░░░░░░░░░░░░░░░░░░░░░░░░░░░░░░░░░░░░░░░░░░░░░░░░░░░░░░░░░░░░░░░░░░
░░░░░░░░░░░░░░░░░░░░░░░
░░░░░░░░░░░░░░░░░░░░░░░░░░░░░░░░░░░░░░░░░░░░░░░░░░░░░░░░░░░░░░░░░░░░░░░░░░░░░░░░░░░░░░░░░░░░░░░░░░░░░░░░░░░░░░░░░░░░░░░░░░░░░░░░░░░░░░░░░░░░░░░░░░░░░░░░░░░░░░░░░░░░░░░░░░░░░░░░░░░░░░░░░░░░░░░░░░░░░░░░░░░░░░░░░░░░░░░░░░░░░░░░
░░░░░░░░░░░░░░░░░░
░░░░░░░░░░░░░░░░░░░░░░░░░░░░░░░░░░░░░░░░░░░░░░░░░░░░░░░░░░░░░░░░░░░░░░░░░░░░░░░░░░░░░░░░░░░░░░░░░░░░░░░░░░░░░░░░░░░░░░░░░░░░░░░░░░░░░░░░░░░░░░░░░░░░░░░░░░░░░░░░░░░░░░░░░░░░░░░░░░░░░░░░░░░░░░░░░░░░░░░░░░░░░░░░░░░░░░░░░░░░░░░░░░░░░░░░░░░░░░░░░░░░░░░░░░░░░░░░░░░░░░░░░░░░░░░░░░░░░░░░░░░░░░░░░░░░░░░
░░░░░░░░░░░░░░░░░░░
░░░░░░░░░░░░░░░░░░░░░░░░░░░░░░░░░░░░░░░░░░░░░░░░░░░░░░░░░░░░░░░░░░░░░░░░░░░░░░░░░░░░░░░░░░░░░░░░░░░░░░░░░░░░░░░░░░░░░░░░░░░░░░░░░░░░░░░░░░░░░░░░░░░░░░░░░░░░░░░░░░░░░░░░░░░░░░░░░░░░░░░░░░░░░░░░░░░░░░░░░░░░░░░░░░░░░░░░░░░░░░░░░░░░░░░░░░░░░░░░░░░░░░░░░░░░░░░░░░░░░░░░░░░░░░░░░░░░░░░░░░░░░░░░░░░░░░░░░░░░░░░░░░░░░░░░░░░░░░░░░░░░░░░░░░░░
░░░░░░░░░░░░░░░░░░░░
░░░░░░░░░░░░░░░░░░░░░░░░░░░░░░░░░░░░░░░░░░░░░░░░░░░░░░░░░░░░░░░░░░░░░░░░░░░░░░░░░░░░░░░░░░░░░░░░░░░░░░░░░░░░░░░░░░░░░░░░░░░░░░░░░░░░░░░░░░░░░░░░░░░░░░░░░░░░░░░░░░░░░░░░░░░░░░░░░░░░░░░░░░░░░░░░░░░░░░░░░░░░░░░░░░░░░░░░░░░░░░░░░░░░░░░░░░░░░░░░░░░░░░░░░░░░░░░░░░░░░░░░░░░░░░░░░░░░░░░░░░░░░░░░░░░░░░░░░░░░░░░░░░░░░░░░░░░░░░░░░░░░░░░░░░░░░░░░░░░░░░░░░░░░░░░░░░░░░░░░░░░░░░░░░
░░░░░░░░░░░░░░░░░░░░░
░░░░░░░░░░░░░░░░░░░░░░░░░░░░░░░░░░░░░░░░░░░░░░░░░░░░░░░░░░░░░░░░░░░░░░░░░░░░░░░░░░░░░░░░░░░░░░░░░░░░░░░░░░░░░░░░░░░░░░░░░░░░░░░░░░░░░░░░░░░░░░░░░░
░░░░░░░░░░░░░░░░░░░░░░
░░░░░░░░░░░░░░░░░░░░░░░░░░░░░░░░░░░░░░░░░░░░░░░░░░░░░░░░░░░░░░░░░░░░░░░░░░░░░░░░░░░░░░░░░░░░░░░░░░░░░░░░░░░░░░░░░░░░░░░░░░░░░░░░░░░░░░░░░░░░░░░░░░░░░░░░░░░░░░░░░░░░░░░░░░░░░░░░░░░░░░░
░░░░░░░░░░░░░░░░░░░░░░░
░░░░░░░░░░░░░░░░░░░░░░░░░░░░░░░░░░░░░░░░░░░░░░░░░░░░░░░░░░░░░░░░░░░░░░░░░░░░░░░░░░░░░░░░░░░░░░░░░░░░░░░░░░░░░░░░░░░░░░░░░░░░░░░░░░░░░░░░░░░░░░░░░░░░░░░░░░░░░░░░░░░░░░░░░░░░░░░░░░░░░░░░░░░░░░░░░░░░░░░░░░░░░░░░░░░░░░░░░░░░
░░░░░░░░░░░░░░░░░░
░░░░░░░░░░░░░░░░░░░░░░░░░░░░░░░░░░░░░░░░░░░░░░░░░░░░░░░░░░░░░░░░░░░░░░░░░░░░░░░░░░░░░░░░░░░░░░░░░░░░░░░░░░░░░░░░░░░░░░░░░░░░░░░░░░░░░░░░░░░░░░░░░░░░░░░░░░░░░░░░░░░░░░░░░░░░░░░░░░░░░░░░░░░░░░░░░░░░░░░░░░░░░░░░░░░░░░░░░░░░░░░░░░░░░░░░░░░░░░░░░░░░░░░░░░░░░░░░░
░░░░░░░░░░░░░░░░░░░
░░░░░░░░░░░░░░░░░░░░░░░░░░░░░░░░░░░░░░░░░░░░░░░░░░░░░░░░░░░░░░░░░░░░░░░░░░░░░░░░░░░░░░░░░░░░░░░░░░░░░░░░░░░░░░░░░░░░░░░░░░░░░░░░░░░░░░░░░░░░░░░░░░░░░░░░░░░░░░░░░░░░░░░░░░░░░░░░░░░░░░░░░░░░░░░░░░░░░░░░░░░░░░░░░░░░░░░░░░░░░░░░░░░░░░░░░░░░░░░░░░░░░░░░░░░░░░░░░░░░░░░░░░░░░░░░░░░░░░░░░░░░░░░░░░░░░░
░░░░░░░░░░░░░░░░░░░░
░░░░░░░░░░░░░░░░░░░░░░░░░░░░░░░░░░░░░░░░░░░░░░░░░░░░░░░░░░░░░░░░░░░░░░░░░░░░░░░░░░░░░░░░░░░░░░░░░░░░░░░░░░░░░░░░░░░░░░░░░░░░░░░░░░░░░░░░░░░░░░░░░░░░░░░░░░░░░░░░░░░░░░░░░░░░░░░░░░░░░░░░░░░░░░░░░░░░░░░░░░░░░░░░░░░░░░░░░░░░░░░░░░░░░░░░░░░░░░░░░░░░░░░░░░░░░░░░░░░░░░░░░░░░░░░░░░░░░░░░░░░░░░░░░░░░░░░░░░░░░░░░░░░░░░░░░░░░░░░░░░░░░░░░░░░
░░░░░░░░░░░░░░░░░░░░░
░░░░░░░░░░░░░░░░░░░░░░░░░░░░░░░░░░░░░░░░░░░░░░░░░░░░░░░░░░░░░░░░░░░░░░░░░░░░░░░░░░░░░░░░░░░░░░░░░░░░░░░░░░░░░░░░░░░░░░░░░░░░░░░░░░░░░░░░░░░░░░░░░░░░░░░░░░░░░░░░░░░░░░░░░░░░░░░░░░░░░░░░░░░░░░░░░░░░░░░░░░░░░░░░░░░░░░░░░░░░░░░░░░░░░░░░░░░░░░░░░░░░░░░░░░░░░░░░░░░░░░░░░░░░░░░░░░░░░░░░░░░░░░░░░░░░░░░░░░░░░░░░░░░░░░░░░░░░░░░░░░░░░░░░░░░░░░░░░░░░░░░░░░░░░░░░░░░░░░░░░░░░░░░░
░░░░░░░░░░░░░░░░░░░░░░
░░░░░░░░░░░░░░░░░░░░░░░░░░░░░░░░░░░░░░░░░░░░░░░░░░░░░░░░░░░░░░░░░░░░░░░░░░░░░░░░░░░░░░░░░░░░░░░░░░░░░░░░░░░░░░░░░░░░░░░░░░░░░░░░░░░░░░░░░░░░░░░░░
░░░░░░░░░░░░░░░░░░░░░░░
░░░░░░░░░░░░░░░░░░░░░░░░░░░░░░░░░░░░░░░░░░░░░░░░░░░░░░░░░░░░░░░░░░░░░░░░░░░░░░░░░░░░░░░░░░░░░░░░░░░░░░░░░░░░░░░░░░░░░░░░░░░░░░░░░░░░░░░░░░░░░░░░░░░░░░░░░░░░░░░░░░░░░░░░░░░░░░░░░░░░░░
░░░░░░░░░░░░░░░░░░
░░░░░░░░░░░░░░░░░░░░░░░░░░░░░░░░░░░░░░░░░░░░░░░░░░░░░░░░░░░░░░░░░░░░░░░░░░░░░░░░░░░░░░░░░░░░░░░░░░░░░░░░░░░░░░░░░░░░░░░░░░░░░░░░░░░░░░░░░░░░░░░░░░░░░░░░░░░░░░░░░░░░░░░░░░░░░░░░░░░░░░░░░░░░░░░░░░░░░░░░░░░░░░░░░░░░░░░░░░░
░░░░░░░░░░░░░░░░░░░
░░░░░░░░░░░░░░░░░░░░░░░░░░░░░░░░░░░░░░░░░░░░░░░░░░░░░░░░░░░░░░░░░░░░░░░░░░░░░░░░░░░░░░░░░░░░░░░░░░░░░░░░░░░░░░░░░░░░░░░░░░░░░░░░░░░░░░░░░░░░░░░░░░░░░░░░░░░░░░░░░░░░░░░░░░░░░░░░░░░░░░░░░░░░░░░░░░░░░░░░░░░░░░░░░░░░░░░░░░░░░░░░░░░░░░░░░░░░░░░░░░░░░░░░░░░░░░░░
░░░░░░░░░░░░░░░░░░░░
░░░░░░░░░░░░░░░░░░░░░░░░░░░░░░░░░░░░░░░░░░░░░░░░░░░░░░░░░░░░░░░░░░░░░░░░░░░░░░░░░░░░░░░░░░░░░░░░░░░░░░░░░░░░░░░░░░░░░░░░░░░░░░░░░░░░░░░░░░░░░░░░░░░░░░░░░░░░░░░░░░░░░░░░░░░░░░░░░░░░░░░░░░░░░░░░░░░░░░░░░░░░░░░░░░░░░░░░░░░░░░░░░░░░░░░░░░░░░░░░░░░░░░░░░░░░░░░░░░░░░░░░░░░░░░░░░░░░░░░░░░░░░░░░░░░░░
░░░░░░░░░░░░░░░░░░░░░
░░░░░░░░░░░░░░░░░░░░░░░░░░░░░░░░░░░░░░░░░░░░░░░░░░░░░░░░░░░░░░░░░░░░░░░░░░░░░░░░░░░░░░░░░░░░░░░░░░░░░░░░░░░░░░░░░░░░░░░░░░░░░░░░░░░░░░░░░░░░░░░░░░░░░░░░░░░░░░░░░░░░░░░░░░░░░░░░░░░░░░░░░░░░░░░░░░░░░░░░░░░░░░░░░░░░░░░░░░░░░░░░░░░░░░░░░░░░░░░░░░░░░░░░░░░░░░░░░░░░░░░░░░░░░░░░░░░░░░░░░░░░░░░░░░░░░░░░░░░░░░░░░░░░░░░░░░░░░░░░░░░░░░░░░░
░░░░░░░░░░░░░░░░░░░░░░
░░░░░░░░░░░░░░░░░░░░░░░░░░░░░░░░░░░░░░░░░░░░░░░░░░░░░░░░░░░░░░░░░░░░░░░░░░░░░░░░░░░░░░░░░░░░░░░░░░░░░░░░░░░░░░░░░░░░░░░░░░░░░░░░░░░░░░░░░░░░░░░░░░░░░░░░░░░░░░░░░░░░░░░░░░░░░░░░░░░░░░░░░░░░░░░░░░░░░░░░░░░░░░░░░░░░░░░░░░░░░░░░░░░░░░░░░░░░░░░░░░░░░░░░░░░░░░░░░░░░░░░░░░░░░░░░░░░░░░░░░░░░░░░░░░░░░░░░░░░░░░░░░░░░░░░░░░░░░░░░░░░░░░░░░░░░░░░░░░░░░░░░░░░░░░░░░░░░░░░░░░░░░░░
░░░░░░░░░░░░░░░░░░░░░░░
░░░░░░░░░░░░░░░░░░░░░░░░░░░░░░░░░░░░░░░░░░░░░░░░░░░░░░░░░░░░░░░░░░░░░░░░░░░░░░░░░░░░░░░░░░░░░░░░░░░░░░░░░░░░░░░░░░░░░░░░░░░░░░░░░░░░░░░░░░░░░░░░
░░░░░░░░░░░░░░░░░░
░░░░░░░░░░░░░░░░░░░░░░░░░░░░░░░░░░░░░░░░░░░░░░░░░░░░░░░░░░░░░░░░░░░░░░░░░░░░░░░░░░░░░░░░░░░░░░░░░░░░░░░░░░░░░░░░░░░░░░░░░░░░░░░░░░░░░░░░░░░░░░░░░░░░░░░░░░░░░░░░░░░░░░░░░░░░░░░░░░░░░
░░░░░░░░░░░░░░░░░░░
░░░░░░░░░░░░░░░░░░░░░░░░░░░░░░░░░░░░░░░░░░░░░░░░░░░░░░░░░░░░░░░░░░░░░░░░░░░░░░░░░░░░░░░░░░░░░░░░░░░░░░░░░░░░░░░░░░░░░░░░░░░░░░░░░░░░░░░░░░░░░░░░░░░░░░░░░░░░░░░░░░░░░░░░░░░░░░░░░░░░░░░░░░░░░░░░░░░░░░░░░░░░░░░░░░░░░░░░░░
░░░░░░░░░░░░░░░░░░░░
░░░░░░░░░░░░░░░░░░░░░░░░░░░░░░░░░░░░░░░░░░░░░░░░░░░░░░░░░░░░░░░░░░░░░░░░░░░░░░░░░░░░░░░░░░░░░░░░░░░░░░░░░░░░░░░░░░░░░░░░░░░░░░░░░░░░░░░░░░░░░░░░░░░░░░░░░░░░░░░░░░░░░░░░░░░░░░░░░░░░░░░░░░░░░░░░░░░░░░░░░░░░░░░░░░░░░░░░░░░░░░░░░░░░░░░░░░░░░░░░░░░░░░░░░░░░░░░
░░░░░░░░░░░░░░░░░░░░░
░░░░░░░░░░░░░░░░░░░░░░░░░░░░░░░░░░░░░░░░░░░░░░░░░░░░░░░░░░░░░░░░░░░░░░░░░░░░░░░░░░░░░░░░░░░░░░░░░░░░░░░░░░░░░░░░░░░░░░░░░░░░░░░░░░░░░░░░░░░░░░░░░░░░░░░░░░░░░░░░░░░░░░░░░░░░░░░░░░░░░░░░░░░░░░░░░░░░░░░░░░░░░░░░░░░░░░░░░░░░░░░░░░░░░░░░░░░░░░░░░░░░░░░░░░░░░░░░░░░░░░░░░░░░░░░░░░░░░░░░░░░░░░░░░░░░
░░░░░░░░░░░░░░░░░░░░░░
░░░░░░░░░░░░░░░░░░░░░░░░░░░░░░░░░░░░░░░░░░░░░░░░░░░░░░░░░░░░░░░░░░░░░░░░░░░░░░░░░░░░░░░░░░░░░░░░░░░░░░░░░░░░░░░░░░░░░░░░░░░░░░░░░░░░░░░░░░░░░░░░░░░░░░░░░░░░░░░░░░░░░░░░░░░░░░░░░░░░░░░░░░░░░░░░░░░░░░░░░░░░░░░░░░░░░░░░░░░░░░░░░░░░░░░░░░░░░░░░░░░░░░░░░░░░░░░░░░░░░░░░░░░░░░░░░░░░░░░░░░░░░░░░░░░░░░░░░░░░░░░░░░░░░░░░░░░░░░░░░░░░░░░░░
░░░░░░░░░░░░░░░░░░░░░░░
6/7 中缝
公告专栏
░░░░░░░░░░░░░░░░░░░░░░░░░░░░░░░░░░░░░░░░░░░░░░░░░░░░░░░░░░░░░░░░░░░░░░░░░░░░░░░░░░░░░░░░░░░░░░░░░░░░░░░░░░░░░░░░░░░░░░░░░░░░░░░░░░░░░░░░░░░░░░░░░░░░░░░░░░░░░░░░░░░░░░░░░░░░░░░░░░░░░░░░░░░░░░░░░░░░░░░░░░░░░░░░░░░░░░░░░░░░░░░░░░░░░░░░░░░░░░░░░░░░░░░░░░░░░░░░░░░░░░░░░░░░░░░░░░░░░░░
░░░░░░░░░░░░░░░░░░
░░░░░░░░░░░░░░░░░░░░░░░░░░░░░░░░░░░░░░░░░░░░░░░░░░░░░░░░░░░░░░░░░░░░░░░░░░░░░░░░░░░░░░░░░░░░░░░░░░░░░░░░░░░░░░░░░░░░░░░░░░░░░░░░░░░░░░░░░░░░░░░░░░░░░░░░░░░░░░░░░░░░░░░░░░░░░░░░░░░░░░░░░░░░░░░░░░░░░░░░░░░░░░░░░░░░░░░░░░░░░░░░░░░░░░░░░░░░░░░░░░░░░░░░░░░░░░░░░░░░░░░░░░░░░░░░░░░░░░░░░░░░░░░░░░░░░░░░░░░░░░░░░░░░░░░░░░░░
░░░░░░░░░░░░░░░░░░░
░░░░░░░░░░░░░░░░░░░░░░░░░░░░░░░░░░░░░░░░░░░░░░░░░░░░░░░░░░░░░░░░░░░░░░░░░░░░░░░░░░░░░░░░░░░░░░░░░░░░░░░░░░░░░░░░░░░░░░░░░░░░░░░░░░░░░░░░░░░░░░░░░░░░░░░░░░░░░░░░░░░░░░░░░░░░░░░░░░░░░░░░░░░░░░░░░░░░░░░░░░░░░░░░░░░░░░░░░░░░░░░░░░░░░░░░░░░░░░░░░░░░░░░░░░░░░░░░░░░░░░░░░░░░░░░░░░░░░░░░░░░░░░░░░░░░░░░░░░░░░░░░░░░░░░░░░░░░░░░░░░░░░░░░░░░░░░░░░░░░░░░░░░░░░░░░░
░░░░░░░░░░░░░░░░░░░░
░░░░░░░░░░░░░░░░░░░░░░░░░░░░░░░░░░░░░░░░░░░░░░░░░░░░░░░░░░░░░░░░░░░░░░░░░░░░░░░░░░░░░░░░░░░░░░░░░░░░░░░░░░░░░░░░░░░░░░░░░░░░░░░░░░
░░░░░░░░░░░░░░░░░░░░░
░░░░░░░░░░░░░░░░░░░░░░░░░░░░░░░░░░░░░░░░░░░░░░░░░░░░░░░░░░░░░░░░░░░░░░░░░░░░░░░░░░░░░░░░░░░░░░░░░░░░░░░░░░░░░░░░░░░░░░░░░░░░░░░░░░░░░░░░░░░░░░░░░░░░░░░░░░░░░░░░░░░░░░░
░░░░░░░░░░░░░░░░░░░░░░
░░░░░░░░░░░░░░░░░░░░░░░░░░░░░░░░░░░░░░░░░░░░░░░░░░░░░░░░░░░░░░░░░░░░░░░░░░░░░░░░░░░░░░░░░░░░░░░░░░░░░░░░░░░░░░░░░░░░░░░░░░░░░░░░░░░░░░░░░░░░░░░░░░░░░░░░░░░░░░░░░░░░░░░░░░░░░░░░░░░░░░░░░░░░░░░░░░░░░░░░░░░░
░░░░░░░░░░░░░░░░░░░░░░░
░░░░░░░░░░░░░░░░░░░░░░░░░░░░░░░░░░░░░░░░░░░░░░░░░░░░░░░░░░░░░░░░░░░░░░░░░░░░░░░░░░░░░░░░░░░░░░░░░░░░░░░░░░░░░░░░░░░░░░░░░░░░░░░░░░░░░░░░░░░░░░░░░░░░░░░░░░░░░░░░░░░░░░░░░░░░░░░░░░░░░░░░░░░░░░░░░░░░░░░░░░░░░░░░░░░░░░░░░░░░░░░░░░░░░░░░░░░░░░░░░
░░░░░░░░░░░░░░░░░░
░░░░░░░░░░░░░░░░░░░░░░░░░░░░░░░░░░░░░░░░░░░░░░░░░░░░░░░░░░░░░░░░░░░░░░░░░░░░░░░░░░░░░░░░░░░░░░░░░░░░░░░░░░░░░░░░░░░░░░░░░░░░░░░░░░░░░░░░░░░░░░░░░░░░░░░░░░░░░░░░░░░░░░░░░░░░░░░░░░░░░░░░░░░░░░░░░░░░░░░░░░░░░░░░░░░░░░░░░░░░░░░░░░░░░░░░░░░░░░░░░░░░░░░░░░░░░░░░░░░░░░░░░░░░░░░░░░░░░░
░░░░░░░░░░░░░░░░░░░
░░░░░░░░░░░░░░░░░░░░░░░░░░░░░░░░░░░░░░░░░░░░░░░░░░░░░░░░░░░░░░░░░░░░░░░░░░░░░░░░░░░░░░░░░░░░░░░░░░░░░░░░░░░░░░░░░░░░░░░░░░░░░░░░░░░░░░░░░░░░░░░░░░░░░░░░░░░░░░░░░░░░░░░░░░░░░░░░░░░░░░░░░░░░░░░░░░░░░░░░░░░░░░░░░░░░░░░░░░░░░░░░░░░░░░░░░░░░░░░░░░░░░░░░░░░░░░░░░░░░░░░░░░░░░░░░░░░░░░░░░░░░░░░░░░░░░░░░░░░░░░░░░░░░░░░░░░░
░░░░░░░░░░░░░░░░░░░░
░░░░░░░░░░░░░░░░░░░░░░░░░░░░░░░░░░░░░░░░░░░░░░░░░░░░░░░░░░░░░░░░░░░░░░░░░░░░░░░░░░░░░░░░░░░░░░░░░░░░░░░░░░░░░░░░░░░░░░░░░░░░░░░░░░░░░░░░░░░░░░░░░░░░░░░░░░░░░░░░░░░░░░░░░░░░░░░░░░░░░░░░░░░░░░░░░░░░░░░░░░░░░░░░░░░░░░░░░░░░░░░░░░░░░░░░░░░░░░░░░░░░░░░░░░░░░░░░░░░░░░░░░░░░░░░░░░░░░░░░░░░░░░░░░░░░░░░░░░░░░░░░░░░░░░░░░░░░░░░░░░░░░░░░░░░░░░░░░░░░░░░░░░░░░░░░
░░░░░░░░░░░░░░░░░░░░░
░░░░░░░░░░░░░░░░░░░░░░░░░░░░░░░░░░░░░░░░░░░░░░░░░░░░░░░░░░░░░░░░░░░░░░░░░░░░░░░░░░░░░░░░░░░░░░░░░░░░░░░░░░░░░░░░░░░░░░░░░░░░░░░░░
░░░░░░░░░░░░░░░░░░░░░░
░░░░░░░░░░░░░░░░░░░░░░░░░░░░░░░░░░░░░░░░░░░░░░░░░░░░░░░░░░░░░░░░░░░░░░░░░░░░░░░░░░░░░░░░░░░░░░░░░░░░░░░░░░░░░░░░░░░░░░░░░░░░░░░░░░░░░░░░░░░░░░░░░░░░░░░░░░░░░░░░░░░░░░
░░░░░░░░░░░░░░░░░░░░░░░
░░░░░░░░░░░░░░░░░░░░░░░░░░░░░░░░░░░░░░░░░░░░░░░░░░░░░░░░░░░░░░░░░░░░░░░░░░░░░░░░░░░░░░░░░░░░░░░░░░░░░░░░░░░░░░░░░░░░░░░░░░░░░░░░░░░░░░░░░░░░░░░░░░░░░░░░░░░░░░░░░░░░░░░░░░░░░░░░░░░░░░░░░░░░░░░░░░░░░░░░░░░
░░░░░░░░░░░░░░░░░░
░░░░░░░░░░░░░░░░░░░░░░░░░░░░░░░░░░░░░░░░░░░░░░░░░░░░░░░░░░░░░░░░░░░░░░░░░░░░░░░░░░░░░░░░░░░░░░░░░░░░░░░░░░░░░░░░░░░░░░░░░░░░░░░░░░░░░░░░░░░░░░░░░░░░░░░░░░░░░░░░░░░░░░░░░░░░░░░░░░░░░░░░░░░░░░░░░░░░░░░░░░░░░░░░░░░░░░░░░░░░░░░░░░░░░░░░░░░░░░░░
░░░░░░░░░░░░░░░░░░░
░░░░░░░░░░░░░░░░░░░░░░░░░░░░░░░░░░░░░░░░░░░░░░░░░░░░░░░░░░░░░░░░░░░░░░░░░░░░░░░░░░░░░░░░░░░░░░░░░░░░░░░░░░░░░░░░░░░░░░░░░░░░░░░░░░░░░░░░░░░░░░░░░░░░░░░░░░░░░░░░░░░░░░░░░░░░░░░░░░░░░░░░░░░░░░░░░░░░░░░░░░░░░░░░░░░░░░░░░░░░░░░░░░░░░░░░░░░░░░░░░░░░░░░░░░░░░░░░░░░░░░░░░░░░░░░░░░░░░
░░░░░░░░░░░░░░░░░░░░
░░░░░░░░░░░░░░░░░░░░░░░░░░░░░░░░░░░░░░░░░░░░░░░░░░░░░░░░░░░░░░░░░░░░░░░░░░░░░░░░░░░░░░░░░░░░░░░░░░░░░░░░░░░░░░░░░░░░░░░░░░░░░░░░░░░░░░░░░░░░░░░░░░░░░░░░░░░░░░░░░░░░░░░░░░░░░░░░░░░░░░░░░░░░░░░░░░░░░░░░░░░░░░░░░░░░░░░░░░░░░░░░░░░░░░░░░░░░░░░░░░░░░░░░░░░░░░░░░░░░░░░░░░░░░░░░░░░░░░░░░░░░░░░░░░░░░░░░░░░░░░░░░░░░░░░░░░
░░░░░░░░░░░░░░░░░░░░░
░░░░░░░░░░░░░░░░░░░░░░░░░░░░░░░░░░░░░░░░░░░░░░░░░░░░░░░░░░░░░░░░░░░░░░░░░░░░░░░░░░░░░░░░░░░░░░░░░░░░░░░░░░░░░░░░░░░░░░░░░░░░░░░░░░░░░░░░░░░░░░░░░░░░░░░░░░░░░░░░░░░░░░░░░░░░░░░░░░░░░░░░░░░░░░░░░░░░░░░░░░░░░░░░░░░░░░░░░░░░░░░░░░░░░░░░░░░░░░░░░░░░░░░░░░░░░░░░░░░░░░░░░░░░░░░░░░░░░░░░░░░░░░░░░░░░░░░░░░░░░░░░░░░░░░░░░░░░░░░░░░░░░░░░░░░░░░░░░░░░░░░░░░░░░░░
░░░░░░░░░░░░░░░░░░░░░░
░░░░░░░░░░░░░░░░░░░░░░░░░░░░░░░░░░░░░░░░░░░░░░░░░░░░░░░░░░░░░░░░░░░░░░░░░░░░░░░░░░░░░░░░░░░░░░░░░░░░░░░░░░░░░░░░░░░░░░░░░░░░░░░░
░░░░░░░░░░░░░░░░░░░░░░░
░░░░░░░░░░░░░░░░░░░░░░░░░░░░░░░░░░░░░░░░░░░░░░░░░░░░░░░░░░░░░░░░░░░░░░░░░░░░░░░░░░░░░░░░░░░░░░░░░░░░░░░░░░░░░░░░░░░░░░░░░░░░░░░░░░░░░░░░░░░░░░░░░░░░░░░░░░░░░░░░░░░░░
░░░░░░░░░░░░░░░░░░
░░░░░░░░░░░░░░░░░░░░░░░░░░░░░░░░░░░░░░░░░░░░░░░░░░░░░░░░░░░░░░░░░░░░░░░░░░░░░░░░░░░░░░░░░░░░░░░░░░░░░░░░░░░░░░░░░░░░░░░░░░░░░░░░░░░░░░░░░░░░░░░░░░░░░░░░░░░░░░░░░░░░░░░░░░░░░░░░░░░░░░░░░░░░░░░░░░░░░░░░░░
░░░░░░░░░░░░░░░░░░░
░░░░░░░░░░░░░░░░░░░░░░░░░░░░░░░░░░░░░░░░░░░░░░░░░░░░░░░░░░░░░░░░░░░░░░░░░░░░░░░░░░░░░░░░░░░░░░░░░░░░░░░░░░░░░░░░░░░░░░░░░░░░░░░░░░░░░░░░░░░░░░░░░░░░░░░░░░░░░░░░░░░░░░░░░░░░░░░░░░░░░░░░░░░░░░░░░░░░░░░░░░░░░░░░░░░░░░░░░░░░░░░░░░░░░░░░░░░░░░░
░░░░░░░░░░░░░░░░░░░░
░░░░░░░░░░░░░░░░░░░░░░░░░░░░░░░░░░░░░░░░░░░░░░░░░░░░░░░░░░░░░░░░░░░░░░░░░░░░░░░░░░░░░░░░░░░░░░░░░░░░░░░░░░░░░░░░░░░░░░░░░░░░░░░░░░░░░░░░░░░░░░░░░░░░░░░░░░░░░░░░░░░░░░░░░░░░░░░░░░░░░░░░░░░░░░░░░░░░░░░░░░░░░░░░░░░░░░░░░░░░░░░░░░░░░░░░░░░░░░░░░░░░░░░░░░░░░░░░░░░░░░░░░░░░░░░░░░░░
░░░░░░░░░░░░░░░░░░░░░
░░░░░░░░░░░░░░░░░░░░░░░░░░░░░░░░░░░░░░░░░░░░░░░░░░░░░░░░░░░░░░░░░░░░░░░░░░░░░░░░░░░░░░░░░░░░░░░░░░░░░░░░░░░░░░░░░░░░░░░░░░░░░░░░░░░░░░░░░░░░░░░░░░░░░░░░░░░░░░░░░░░░░░░░░░░░░░░░░░░░░░░░░░░░░░░░░░░░░░░░░░░░░░░░░░░░░░░░░░░░░░░░░░░░░░░░░░░░░░░░░░░░░░░░░░░░░░░░░░░░░░░░░░░░░░░░░░░░░░░░░░░░░░░░░░░░░░░░░░░░░░░░░░░░░░░░░
░░░░░░░░░░░░░░░░░░░░░░
░░░░░░░░░░░░░░░░░░░░░░░░░░░░░░░░░░░░░░░░░░░░░░░░░░░░░░░░░░░░░░░░░░░░░░░░░░░░░░░░░░░░░░░░░░░░░░░░░░░░░░░░░░░░░░░░░░░░░░░░░░░░░░░░░░░░░░░░░░░░░░░░░░░░░░░░░░░░░░░░░░░░░░░░░░░░░░░░░░░░░░░░░░░░░░░░░░░░░░░░░░░░░░░░░░░░░░░░░░░░░░░░░░░░░░░░░░░░░░░░░░░░░░░░░░░░░░░░░░░░░░░░░░░░░░░░░░░░░░░░░░░░░░░░░░░░░░░░░░░░░░░░░░░░░░░░░░░░░░░░░░░░░░░░░░░░░░░░░░░░░░░░░░░░░░
░░░░░░░░░░░░░░░░░░░░░░░
░░░░░░░░░░░░░░░░░░░░░░░░░░░░░░░░░░░░░░░░░░░░░░░░░░░░░░░░░░░░░░░░░░░░░░░░░░░░░░░░░░░░░░░░░░░░░░░░░░░░░░░░░░░░░░░░░░░░░░░░░░░░░░░
░░░░░░░░░░░░░░░░░░
░░░░░░░░░░░░░░░░░░░░░░░░░░░░░░░░░░░░░░░░░░░░░░░░░░░░░░░░░░░░░░░░░░░░░░░░░░░░░░░░░░░░░░░░░░░░░░░░░░░░░░░░░░░░░░░░░░░░░░░░░░░░░░░░░░░░░░░░░░░░░░░░░░░░░░░░░░░░░░░░░░░░
░░░░░░░░░░░░░░░░░░░
░░░░░░░░░░░░░░░░░░░░░░░░░░░░░░░░░░░░░░░░░░░░░░░░░░░░░░░░░░░░░░░░░░░░░░░░░░░░░░░░░░░░░░░░░░░░░░░░░░░░░░░░░░░░░░░░░░░░░░░░░░░░░░░░░░░░░░░░░░░░░░░░░░░░░░░░░░░░░░░░░░░░░░░░░░░░░░░░░░░░░░░░░░░░░░░░░░░░░░░░░
░░░░░░░░░░░░░░░░░░░░
░░░░░░░░░░░░░░░░░░░░░░░░░░░░░░░░░░░░░░░░░░░░░░░░░░░░░░░░░░░░░░░░░░░░░░░░░░░░░░░░░░░░░░░░░░░░░░░░░░░░░░░░░░░░░░░░░░░░░░░░░░░░░░░░░░░░░░░░░░░░░░░░░░░░░░░░░░░░░░░░░░░░░░░░░░░░░░░░░░░░░░░░░░░░░░░░░░░░░░░░░░░░░░░░░░░░░░░░░░░░░░░░░░░░░░░░░░░░░░
░░░░░░░░░░░░░░░░░░░░░
░░░░░░░░░░░░░░░░░░░░░░░░░░░░░░░░░░░░░░░░░░░░░░░░░░░░░░░░░░░░░░░░░░░░░░░░░░░░░░░░░░░░░░░░░░░░░░░░░░░░░░░░░░░░░░░░░░░░░░░░░░░░░░░░░░░░░░░░░░░░░░░░░░░░░░░░░░░░░░░░░░░░░░░░░░░░░░░░░░░░░░░░░░░░░░░░░░░░░░░░░░░░░░░░░░░░░░░░░░░░░░░░░░░░░░░░░░░░░░░░░░░░░░░░░░░░░░░░░░░░░░░░░░░░░░░░░░░
░░░░░░░░░░░░░░░░░░░░░░
░░░░░░░░░░░░░░░░░░░░░░░░░░░░░░░░░░░░░░░░░░░░░░░░░░░░░░░░░░░░░░░░░░░░░░░░░░░░░░░░░░░░░░░░░░░░░░░░░░░░░░░░░░░░░░░░░░░░░░░░░░░░░░░░░░░░░░░░░░░░░░░░░░░░░░░░░░░░░░░░░░░░░░░░░░░░░░░░░░░░░░░░░░░░░░░░░░░░░░░░░░░░░░░░░░░░░░░░░░░░░░░░░░░░░░░░░░░░░░░░░░░░░░░░░░░░░░░░░░░░░░░░░░░░░░░░░░░░░░░░░░░░░░░░░░░░░░░░░░░░░░░░░░░░░░░░
░░░░░░░░░░░░░░░░░░░░░░░
░░░░░░░░░░░░░░░░░░░░░░░░░░░░░░░░░░░░░░░░░░░░░░░░░░░░░░░░░░░░░░░░░░░░░░░░░░░░░░░░░░░░░░░░░░░░░░░░░░░░░░░░░░░░░░░░░░░░░░░░░░░░░░░░░░░░░░░░░░░░░░░░░░░░░░░░░░░░░░░░░░░░░░░░░░░░░░░░░░░░░░░░░░░░░░░░░░░░░░░░░░░░░░░░░░░░░░░░░░░░░░░░░░░░░░░░░░░░░░░░░░░░░░░░░░░░░░░░░░░░░░░░░░░░░░░░░░░░░░░░░░░░░░░░░░░░░░░░░░░░░░░░░░░░░░░░░░░░░░░░░░░░░░░░░░░░░░░░░░░░░░░░░░░░░
░░░░░░░░░░░░░░░░░░
░░░░░░░░░░░░░░░░░░░░░░░░░░░░░░░░░░░░░░░░░░░░░░░░░░░░░░░░░░░░░░░░░░░░░░░░░░░░░░░░░░░░░░░░░░░░░░░░░░░░░░░░░░░░░░░░░░░░░░░░░░░░░░
░░░░░░░░░░░░░░░░░░░
░░░░░░░░░░░░░░░░░░░░░░░░░░░░░░░░░░░░░░░░░░░░░░░░░░░░░░░░░░░░░░░░░░░░░░░░░░░░░░░░░░░░░░░░░░░░░░░░░░░░░░░░░░░░░░░░░░░░░░░░░░░░░░░░░░░░░░░░░░░░░░░░░░░░░░░░░░░░░░░░░░░
░░░░░░░░░░░░░░░░░░░░
░░░░░░░░░░░░░░░░░░░░░░░░░░░░░░░░░░░░░░░░░░░░░░░░░░░░░░░░░░░░░░░░░░░░░░░░░░░░░░░░░░░░░░░░░░░░░░░░░░░░░░░░░░░░░░░░░░░░░░░░░░░░░░░░░░░░░░░░░░░░░░░░░░░░░░░░░░░░░░░░░░░░░░░░░░░░░░░░░░░░░░░░░░░░░░░░░░░░░░░░
░░░░░░░░░░░░░░░░░░░░░
░░░░░░░░░░░░░░░░░░░░░░░░░░░░░░░░░░░░░░░░░░░░░░░░░░░░░░░░░░░░░░░░░░░░░░░░░░░░░░░░░░░░░░░░░░░░░░░░░░░░░░░░░░░░░░░░░░░░░░░░░░░░░░░░░░░░░░░░░░░░░░░░░░░░░░░░░░░░░░░░░░░░░░░░░░░░░░░░░░░░░░░░░░░░░░░░░░░░░░░░░░░░░░░░░░░░░░░░░░░░░░░░░░░░░░░░░░░░░
░░░░░░░░░░░░░░░░░░░░░░
░░░░░░░░░░░░░░░░░░░░░░░░░░░░░░░░░░░░░░░░░░░░░░░░░░░░░░░░░░░░░░░░░░░░░░░░░░░░░░░░░░░░░░░░░░░░░░░░░░░░░░░░░░░░░░░░░░░░░░░░░░░░░░░░░░░░░░░░░░░░░░░░░░░░░░░░░░░░░░░░░░░░░░░░░░░░░░░░░░░░░░░░░░░░░░░░░░░░░░░░░░░░░░░░░░░░░░░░░░░░░░░░░░░░░░░░░░░░░░░░░░░░░░░░░░░░░░░░░░░░░░░░░░░░░░░░░░
░░░░░░░░░░░░░░░░░░░░░░░
░░░░░░░░░░░░░░░░░░░░░░░░░░░░░░░░░░░░░░░░░░░░░░░░░░░░░░░░░░░░░░░░░░░░░░░░░░░░░░░░░░░░░░░░░░░░░░░░░░░░░░░░░░░░░░░░░░░░░░░░░░░░░░░░░░░░░░░░░░░░░░░░░░░░░░░░░░░░░░░░░░░░░░░░░░░░░░░░░░░░░░░░░░░░░░░░░░░░░░░░░░░░░░░░░░░░░░░░░░░░░░░░░░░░░░░░░░░░░░░░░░░░░░░░░░░░░░░░░░░░░░░░░░░░░░░░░░░░░░░░░░░░░░░░░░░░░░░░░░░░░░░░░░░░░░░
░░░░░░░░░░░░░░░░░░
░░░░░░░░░░░░░░░░░░░░░░░░░░░░░░░░░░░░░░░░░░░░░░░░░░░░░░░░░░░░░░░░░░░░░░░░░░░░░░░░░░░░░░░░░░░░░░░░░░░░░░░░░░░░░░░░░░░░░░░░░░░░░░░░░░░░░░░░ ░░░░░░░░░░░░░░░░░░░░░░░░░░░░░░░░░░░░░░░░░░░░░░░░░░░░░░░░░░░░░░░░░░░░░░░░░░░░░░░░░░░░░░░░░░░░░░░░░░░░░░░░░░░░░░░░░░░░░░░░░░░░░░░░░░░░░░░░░░░░░░░░░░░░░░░░░░░░░░░░░░░░░░░░░░░░░░░░░░
░░░░░░░░░░░░░░░░░░░
░░░░░░░░░░░░░░░░░░░░░░░░░░░░░░░░░░░░░░░░░░░░░░░░░░░░░░░░░░░░░░░░░░░░░░░░░░░░░░░░░░░░░░░░░░░░░░░░░░░░░░░░░░░░░░░░░░░░░░░░░░░░░
░░░░░░░░░░░░░░░░░░░░
░░░░░░░░░░░░░░░░░░░░░░░░░░░░░░░░░░░░░░░░░░░░░░░░░░░░░░░░░░░░░░░░░░░░░░░░░░░░░░░░░░░░░░░░░░░░░░░░░░░░░░░░░░░░░░░░░░░░░░░░░░░░░░░░░░░░░░░░░░░░░░░░░░░░░░░░░░░░░░░░░░
░░░░░░░░░░░░░░░░░░░░░
░░░░░░░░░░░░░░░░░░░░░░░░░░░░░░░░░░░░░░░░░░░░░░░░░░░░░░░░░░░░░░░░░░░░░░░░░░░░░░░░░░░░░░░░░░░░░░░░░░░░░░░░░░░░░░░░░░░░░░░░░░░░░░░░░░░░░░░░░░░░░░░░░░░░░░░░░░░░░░░░░░░░░░░░░░░░░░░░░░░░░░░░░░░░░░░░░░░░░░░
░░░░░░░░░░░░░░░░░░░░░░
░░░░░░░░░░░░░░░░░░░░░░░░░░░░░░░░░░░░░░░░░░░░░░░░░░░░░░░░░░░░░░░░░░░░░░░░░░░░░░░░░░░░░░░░░░░░░░░░░░░░░░░░░░░░░░░░░░░░░░░░░░░░░░░░░░░░░░░░░░░░░░░░░░░░░░░░░░░░░░░░░░░░░░░░░░░░░░░░░░░░░░░░░░░░░░░░░░░░░░░░░░░░░░░░░░░░░░░░░░░░░░░░░░░░░░░░░░░░
░░░░░░░░░░░░░░░░░░░░░░░
░░░░░░░░░░░░░░░░░░░░░░░░░░░░░░░░░░░░░░░░░░░░░░░░░░░░░░░░░░░░░░░░░░░░░░░░░░░░░░░░░░░░░░░░░░░░░░░░░░░░░░░░░░░░░░░░░░░░░░░░░░░░░░░░░░░░░░░░░░░░░░░░░░░░░░░░░░░░░░░░░░░░░░░░░░░░░░░░░░░░░░░░░░░░░░░░░░░░░░░░░░░░░░░░░░░░░░░░░░░░░░░░░░░░░░░░░░░░░░░░░░░░░░░░░░░░░░░░░░░░░░░░░░░░░░░░░
░░░░░░░░░░░░░░░░░░
░░░░░░░░░░░░░░░░░░░░░░░░░░░░░░░░░░░░░░░░░░░░░░░░░░░░░░░░░░░░░░░░░░░░░░░░░░░░░░░░░░░░░░░░░░░░░░░░░░░░░░░░░░░░░░░░░░░░░░░░░░░░░░░░░░░░░░░░░░░░░░░░░░░░░░░░░░░░░░░░░░░░░░░░░░░░░░░░░░░░░░░░░░░░░░░░░░░░░░░░░░░░░░░░░░░░░░░░░░░░░░░░░░░░░░░░░░░░░░░░░░░░░░░░░░░░░░░░░░░░░░░░░░░░░░░░░░░░░░░░░░░░░░░░░░░░░░░░░░░░░░░░░░░░░░
░░░░░░░░░░░░░░░░░░░
░░░░░░░░░░░░░░░░░░░░░░░░░░░░░░░░░░░░░░░░░░░░░░░░░░░░░░░░░░░░░░░░░░░░░░░░░░░░░░░░░░░░░░░░░░░░░░░░░░░░░░░░░░░░░░░░░░░░░░░░░░░░░░░░░░░░░░░░░░░░░░░░░░░░░░░░░░░░░░░░░░░░░░░░░░░░░░░░░░░░░░░░░░░░░░░░░░░░░░░░░░░░░░░░░░░░░░░░░░░░░░░░░░░░░░░░░░░░░░░░░░░░░░░░░░░░░░░░░░░░░░░░░░░░░░░░░░░░░░░░░░░░░░░░░░░░░░░░░░░░░░░░░░░░░░░░░░░░░░░░░░░░░░░░░░░░░░░░░░░░░░░░░░░
░░░░░░░░░░░░░░░░░░░░
░░░░░░░░░░░░░░░░░░░░░░░░░░░░░░░░░░░░░░░░░░░░░░░░░░░░░░░░░░░░░░░░░░░░░░░░░░░░░░░░░░░░░░░░░░░░░░░░░░░░░░░░░░░░░░░░░░░░░░░░░░░░
░░░░░░░░░░░░░░░░░░░░░
░░░░░░░░░░░░░░░░░░░░░░░░░░░░░░░░░░░░░░░░░░░░░░░░░░░░░░░░░░░░░░░░░░░░░░░░░░░░░░░░░░░░░░░░░░░░░░░░░░░░░░░░░░░░░░░░░░░░░░░░░░░░░░░░░░░░░░░░░░░░░░░░░░░░░░░░░░░░░░░░░
░░░░░░░░░░░░░░░░░░░░░░
░░░░░░░░░░░░░░░░░░░░░░░░░░░░░░░░░░░░░░░░░░░░░░░░░░░░░░░░░░░░░░░░░░░░░░░░░░░░░░░░░░░░░░░░░░░░░░░░░░░░░░░░░░░░░░░░░░░░░░░░░░░░░░░░░░░░░░░░░░░░░░░░░░░░░░░░░░░░░░░░░░░░░░░░░░░░░░░░░░░░░░░░░░░░░░░░░░░░░░
░░░░░░░░░░░░░░░░░░░░░░░
░░░░░░░░░░░░░░░░░░░░░░░░░░░░░░░░░░░░░░░░░░░░░░░░░░░░░░░░░░░░░░░░░░░░░░░░░░░░░░░░░░░░░░░░░░░░░░░░░░░░░░░░░░░░░░░░░░░░░░░░░░░░░░░░░░░░░░░░░░░░░░░░░░░░░░░░░░░░░░░░░░░░░░░░░░░░░░░░░░░░░░░░░░░░░░░░░░░░░░░░░░░░░░░░░░░░░░░░░░░░░░░░░░░░░░░░░░░
░░░░░░░░░░░░░░░░░░
░░░░░░░░░░░░░░░░░░░░░░░░░░░░░░░░░░░░░░░░░░░░░░░░░░░░░░░░░░░░░░░░░░░░░░░░░░░░░░░░░░░░░░░░░░░░░░░░░░░░░░░░░░░░░░░░░░░░░░░░░░░░░░░░░░░░░░░░░░░░░░░░░░░░░░░░░░░░░░░░░░░░░░░░░░░░░░░░░░░░░░░░░░░░░░░░░░░░░░░░░░░░░░░░░░░░░░░░░░░░░░░░░░░░░░░░░░░░░░░░░░░░░░░░░░░░░░░░░░░░░░░░░░░░░░░░
░░░░░░░░░░░░░░░░░░░
░░░░░░░░░░░░░░░░░░░░░░░░░░░░░░░░░░░░░░░░░░░░░░░░░░░░░░░░░░░░░░░░░░░░░░░░░░░░░░░░░░░░░░░░░░░░░░░░░░░░░░░░░░░░░░░░░░░░░░░░░░░░░░░░░░░░░░░░░░░░░░░░░░░░░░░░░░░░░░░░░░░░░░░░░░░░░░░░░░░░░░░░░░░░░░░░░░░░░░░░░░░░░░░░░░░░░░░░░░░░░░░░░░░░░░░░░░░░░░░░░░░░░░░░░░░░░░░░░░░░░░░░░░░░░░░░░░░░░░░░░░░░░░░░░░░░░░░░░░░░░░░░░░░░░
░░░░░░░░░░░░░░░░░░░░
░░░░░░░░░░░░░░░░░░░░░░░░░░░░░░░░░░░░░░░░░░░░░░░░░░░░░░░░░░░░░░░░░░░░░░░░░░░░░░░░░░░░░░░░░░░░░░░░░░░░░░░░░░░░░░░░░░░░░░░░░░░░░░░░░░░░░░░░░░░░░░░░░░░░░░░░░░░░░░░░░░░░░░░░░░░░░░░░░░░░░░░░░░░░░░░░░░░░░░░░░░░░░░░░░░░░░░░░░░░░░░░░░░░░░░░░░░░░░░░░░░░░░░░░░░░░░░░░░░░░░░░░░░░░░░░░░░░░░░░░░░░░░░░░░░░░░░░░░░░░░░░░░░░░░░░░░░░░░░░░░░░░░░░░░░░░░░░░░░░░░░░░░░
░░░░░░░░░░░░░░░░░░░░░
░░░░░░░░░░░░░░░░░░░░░░░░░░░░░░░░░░░░░░░░░░░░░░░░░░░░░░░░░░░░░░░░░░░░░░░░░░░░░░░░░░░░░░░░░░░░░░░░░░░░░░░░░░░░░░░░░░░░░░░░░░░
░░░░░░░░░░░░░░░░░░░░░░
░░░░░░░░░░░░░░░░░░░░░░░░░░░░░░░░░░░░░░░░░░░░░░░░░░░░░░░░░░░░░░░░░░░░░░░░░░░░░░░░░░░░░░░░░░░░░░░░░░░░░░░░░░░░░░░░░░░░░░░░░░░░░░░░░░░░░░░░░░░░░░░░░░░░░░░░░░░░░░░░
░░░░░░░░░░░░░░░░░░░░░░░
░░░░░░░░░░░░░░░░░░░░░░░░░░░░░░░░░░░░░░░░░░░░░░░░░░░░░░░░░░░░░░░░░░░░░░░░░░░░░░░░░░░░░░░░░░░░░░░░░░░░░░░░░░░░░░░░░░░░░░░░░░░░░░░░░░░░░░░░░░░░░░░░░░░░░░░░░░░░░░░░░░░░░░░░░░░░░░░░░░░░░░░░░░░░░░░░░░░░░
░░░░░░░░░░░░░░░░░░
░░░░░░░░░░░░░░░░░░░░░░░░░░░░░░░░░░░░░░░░░░░░░░░░░░░░░░░░░░░░░░░░░░░░░░░░░░░░░░░░░░░░░░░░░░░░░░░░░░░░░░░░░░░░░░░░░░░░░░░░░░░░░░░░░░░░░░░░░░░░░░░░░░░░░░░░░░░░░░░░░░░░░░░░░░░░░░░░░░░░░░░░░░░░░░░░░░░░░░░░░░░░░░░░░░░░░░░░░░░░░░░░░░░░░░░░░░
░░░░░░░░░░░░░░░░░░░
░░░░░░░░░░░░░░░░░░░░░░░░░░░░░░░░░░░░░░░░░░░░░░░░░░░░░░░░░░░░░░░░░░░░░░░░░░░░░░░░░░░░░░░░░░░░░░░░░░░░░░░░░░░░░░░░░░░░░░░░░░░░░░░░░░░░░░░░░░░░░░░░░░░░░░░░░░░░░░░░░░░░░░░░░░░░░░░░░░░░░░░░░░░░░░░░░░░░░░░░░░░░░░░░░░░░░░░░░░░░░░░░░░░░░░░░░░░░░░░░░░░░░░░░░░░░░░░░░░░░░░░░░░░░░░░
░░░░░░░░░░░░░░░░░░░░
░░░░░░░░░░░░░░░░░░░░░░░░░░░░░░░░░░░░░░░░░░░░░░░░░░░░░░░░░░░░░░░░░░░░░░░░░░░░░░░░░░░░░░░░░░░░░░░░░░░░░░░░░░░░░░░░░░░░░░░░░░░░░░░░░░░░░░░░░░░░░░░░░░░░░░░░░░░░░░░░░░░░░░░░░░░░░░░░░░░░░░░░░░░░░░░░░░░░░░░░░░░░░░░░░░░░░░░░░░░░░░░░░░░░░░░░░░░░░░░░░░░░░░░░░░░░░░░░░░░░░░░░░░░░░░░░░░░░░░░░░░░░░░░░░░░░░░░░░░░░░░░░░░░░
░░░░░░░░░░░░░░░░░░░░░
░░░░░░░░░░░░░░░░░░░░░░░░░░░░░░░░░░░░░░░░░░░░░░░░░░░░░░░░░░░░░░░░░░░░░░░░░░░░░░░░░░░░░░░░░░░░░░░░░░░░░░░░░░░░░░░░░░░░░░░░░░░░░░░░░░░░░░░░░░░░░░░░░░░░░░░░░░░░░░░░░░░░░░░░░░░░░░░░░░░░░░░░░░░░░░░░░░░░░░░░░░░░░░░░░░░░░░░░░░░░░░░░░░░░░░░░░░░░░░░░░░░░░░░░░░░░░░░░░░░░░░░░░░░░░░░░░░░░░░░░░░░░░░░░░░░░░░░░░░░░░░░░░░░░░░░░░░░░░░░░░░░░░░░░░░░░░░░░░░░░░░░░░
░░░░░░░░░░░░░░░░░░░░░░
░░░░░░░░░░░░░░░░░░░░░░░░░░░░░░░░░░░░░░░░░░░░░░░░░░░░░░░░░░░░░░░░░░░░░░░░░░░░░░░░░░░░░░░░░░░░░░░░░░░░░░░░░░░░░░░░░░░░░░░░░░
░░░░░░░░░░░░░░░░░░░░░░░
